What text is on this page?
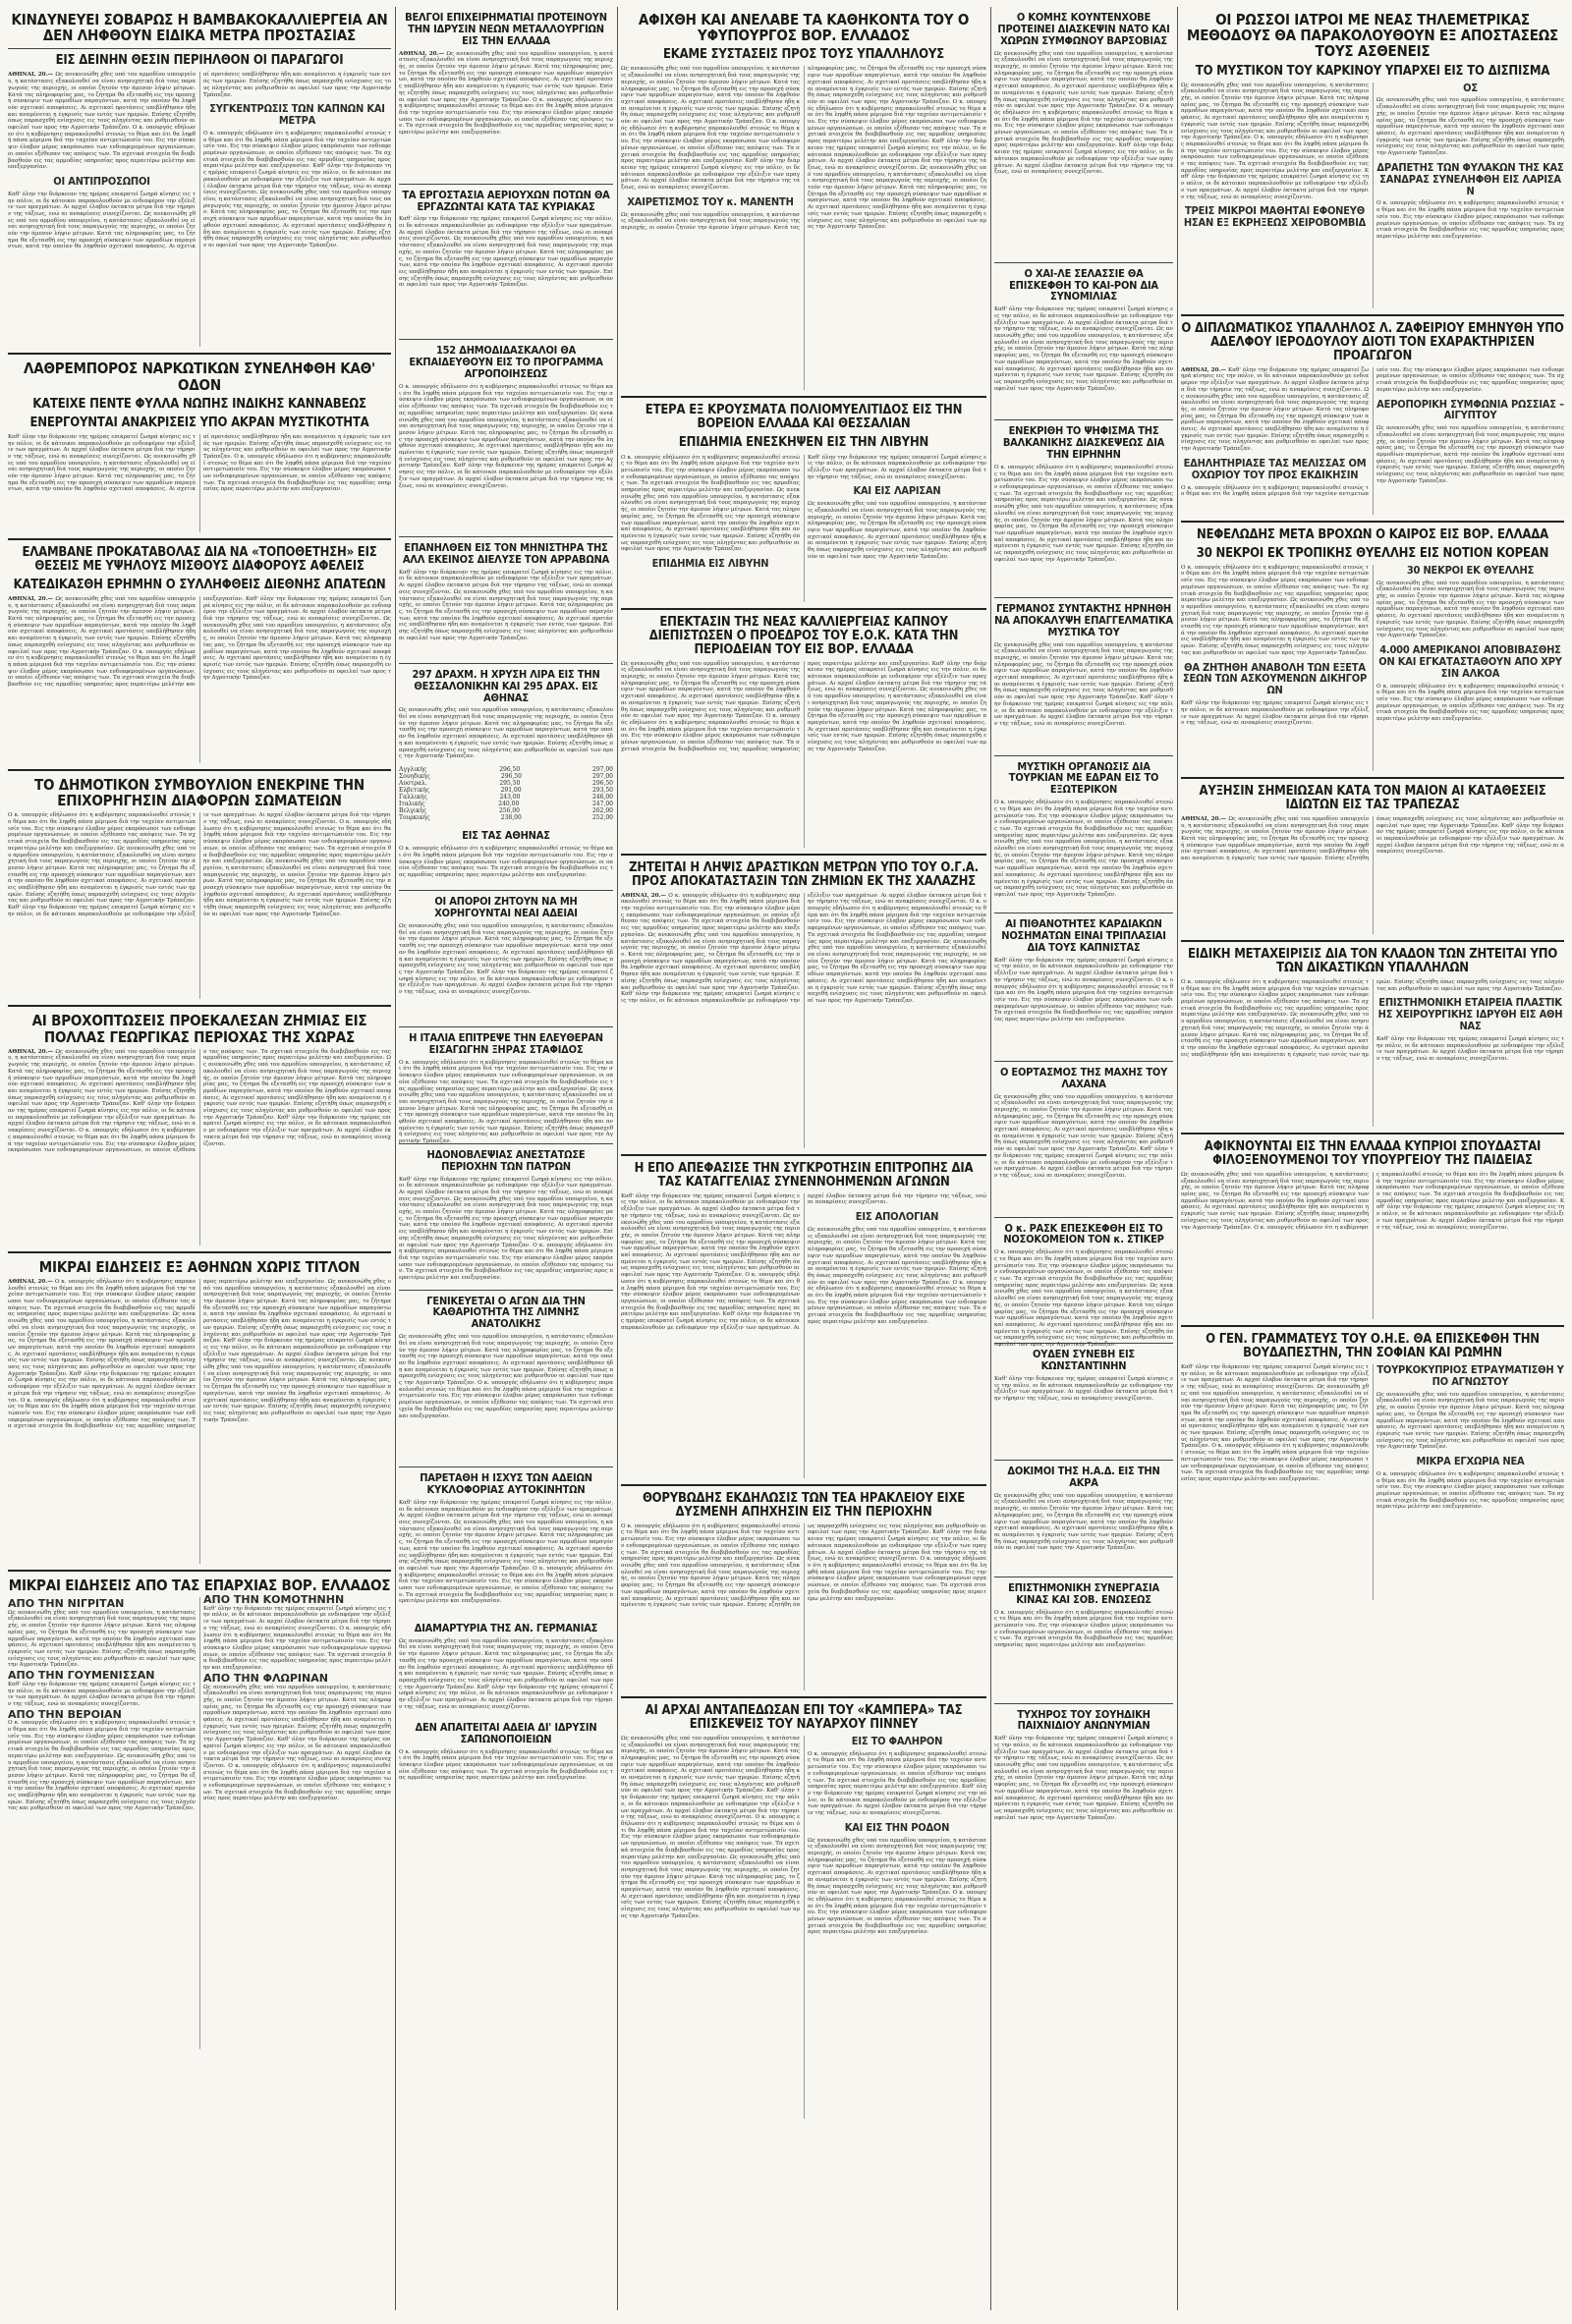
ΚΙΝΔΥΝΕΥΕΙ ΣΟΒΑΡΩΣ Η ΒΑΜΒΑΚΟΚΑΛΛΙΕΡΓΕΙΑ ΑΝ ΔΕΝ ΛΗΦΘΟΥΝ ΕΙΔΙΚΑ ΜΕΤΡΑ ΠΡΟΣΤΑΣΙΑΣ
ΕΙΣ ΔΕΙΝΗΝ ΘΕΣΙΝ ΠΕΡΙΗΛΘΟΝ ΟΙ ΠΑΡΑΓΩΓΟΙ
ΑΘΗΝΑΙ, 20.— Ως ανεκοινώθη χθες υπό του αρμοδίου υπουργείου, η κατάστασις εξακολουθεί να είναι ανησυχητική διά τους παραγωγούς της περιοχής, οι οποίοι ζητούν την άμεσον λήψιν μέτρων. Κατά τας πληροφορίας μας, το ζήτημα θα εξετασθή εις την προσεχή σύσκεψιν των αρμοδίων παραγόντων, κατά την οποίαν θα ληφθούν σχετικαί αποφάσεις. Αι σχετικαί προτάσεις υπεβλήθησαν ήδη και αναμένεται η έγκρισίς των εντός των ημερών. Επίσης εζητήθη όπως παρασχεθή ενίσχυσις εις τους πληγέντας και ρυθμισθούν αι οφειλαί των προς την Αγροτικήν Τράπεζαν. Ο κ. υπουργός εδήλωσεν ότι η κυβέρνησις παρακολουθεί στενώς το θέμα και ότι θα ληφθή πάσα μέριμνα διά την ταχείαν αντιμετώπισίν του. Εις την σύσκεψιν έλαβον μέρος εκπρόσωποι των ενδιαφερομένων οργανώσεων, οι οποίοι εξέθεσαν τας απόψεις των. Τα σχετικά στοιχεία θα διαβιβασθούν εις τας αρμοδίας υπηρεσίας προς περαιτέρω μελέτην και επεξεργασίαν.
ΟΙ ΑΝΤΙΠΡΟΣΩΠΟΙ
Καθ' όλην την διάρκειαν της ημέρας επικρατεί ζωηρά κίνησις εις την πόλιν, οι δε κάτοικοι παρακολουθούν με ενδιαφέρον την εξέλιξιν των πραγμάτων. Αι αρχαί έλαβον έκτακτα μέτρα διά την τήρησιν της τάξεως, ενώ αι ανακρίσεις συνεχίζονται. Ως ανεκοινώθη χθες υπό του αρμοδίου υπουργείου, η κατάστασις εξακολουθεί να είναι ανησυχητική διά τους παραγωγούς της περιοχής, οι οποίοι ζητούν την άμεσον λήψιν μέτρων. Κατά τας πληροφορίας μας, το ζήτημα θα εξετασθή εις την προσεχή σύσκεψιν των αρμοδίων παραγόντων, κατά την οποίαν θα ληφθούν σχετικαί αποφάσεις. Αι σχετικαί προτάσεις υπεβλήθησαν ήδη και αναμένεται η έγκρισίς των εντός των ημερών. Επίσης εζητήθη όπως παρασχεθή ενίσχυσις εις τους πληγέντας και ρυθμισθούν αι οφειλαί των προς την Αγροτικήν Τράπεζαν.
ΣΥΓΚΕΝΤΡΩΣΙΣ ΤΩΝ ΚΑΠΝΩΝ ΚΑΙ ΜΕΤΡΑ
Ο κ. υπουργός εδήλωσεν ότι η κυβέρνησις παρακολουθεί στενώς το θέμα και ότι θα ληφθή πάσα μέριμνα διά την ταχείαν αντιμετώπισίν του. Εις την σύσκεψιν έλαβον μέρος εκπρόσωποι των ενδιαφερομένων οργανώσεων, οι οποίοι εξέθεσαν τας απόψεις των. Τα σχετικά στοιχεία θα διαβιβασθούν εις τας αρμοδίας υπηρεσίας προς περαιτέρω μελέτην και επεξεργασίαν. Καθ' όλην την διάρκειαν της ημέρας επικρατεί ζωηρά κίνησις εις την πόλιν, οι δε κάτοικοι παρακολουθούν με ενδιαφέρον την εξέλιξιν των πραγμάτων. Αι αρχαί έλαβον έκτακτα μέτρα διά την τήρησιν της τάξεως, ενώ αι ανακρίσεις συνεχίζονται. Ως ανεκοινώθη χθες υπό του αρμοδίου υπουργείου, η κατάστασις εξακολουθεί να είναι ανησυχητική διά τους παραγωγούς της περιοχής, οι οποίοι ζητούν την άμεσον λήψιν μέτρων. Κατά τας πληροφορίας μας, το ζήτημα θα εξετασθή εις την προσεχή σύσκεψιν των αρμοδίων παραγόντων, κατά την οποίαν θα ληφθούν σχετικαί αποφάσεις. Αι σχετικαί προτάσεις υπεβλήθησαν ήδη και αναμένεται η έγκρισίς των εντός των ημερών. Επίσης εζητήθη όπως παρασχεθή ενίσχυσις εις τους πληγέντας και ρυθμισθούν αι οφειλαί των προς την Αγροτικήν Τράπεζαν.
ΛΑΘΡΕΜΠΟΡΟΣ ΝΑΡΚΩΤΙΚΩΝ ΣΥΝΕΛΗΦΘΗ ΚΑΘ' ΟΔΟΝ
ΚΑΤΕΙΧΕ ΠΕΝΤΕ ΦΥΛΛΑ ΝΩΠΗΣ ΙΝΔΙΚΗΣ ΚΑΝΝΑΒΕΩΣ
ΕΝΕΡΓΟΥΝΤΑΙ ΑΝΑΚΡΙΣΕΙΣ ΥΠΟ ΑΚΡΑΝ ΜΥΣΤΙΚΟΤΗΤΑ
Καθ' όλην την διάρκειαν της ημέρας επικρατεί ζωηρά κίνησις εις την πόλιν, οι δε κάτοικοι παρακολουθούν με ενδιαφέρον την εξέλιξιν των πραγμάτων. Αι αρχαί έλαβον έκτακτα μέτρα διά την τήρησιν της τάξεως, ενώ αι ανακρίσεις συνεχίζονται. Ως ανεκοινώθη χθες υπό του αρμοδίου υπουργείου, η κατάστασις εξακολουθεί να είναι ανησυχητική διά τους παραγωγούς της περιοχής, οι οποίοι ζητούν την άμεσον λήψιν μέτρων. Κατά τας πληροφορίας μας, το ζήτημα θα εξετασθή εις την προσεχή σύσκεψιν των αρμοδίων παραγόντων, κατά την οποίαν θα ληφθούν σχετικαί αποφάσεις. Αι σχετικαί προτάσεις υπεβλήθησαν ήδη και αναμένεται η έγκρισίς των εντός των ημερών. Επίσης εζητήθη όπως παρασχεθή ενίσχυσις εις τους πληγέντας και ρυθμισθούν αι οφειλαί των προς την Αγροτικήν Τράπεζαν. Ο κ. υπουργός εδήλωσεν ότι η κυβέρνησις παρακολουθεί στενώς το θέμα και ότι θα ληφθή πάσα μέριμνα διά την ταχείαν αντιμετώπισίν του. Εις την σύσκεψιν έλαβον μέρος εκπρόσωποι των ενδιαφερομένων οργανώσεων, οι οποίοι εξέθεσαν τας απόψεις των. Τα σχετικά στοιχεία θα διαβιβασθούν εις τας αρμοδίας υπηρεσίας προς περαιτέρω μελέτην και επεξεργασίαν.
ΕΛΑΜΒΑΝΕ ΠΡΟΚΑΤΑΒΟΛΑΣ ΔΙΑ ΝΑ «ΤΟΠΟΘΕΤΗΣΗ» ΕΙΣ ΘΕΣΕΙΣ ΜΕ ΥΨΗΛΟΥΣ ΜΙΣΘΟΥΣ ΔΙΑΦΟΡΟΥΣ ΑΦΕΛΕΙΣ
ΚΑΤΕΔΙΚΑΣΘΗ ΕΡΗΜΗΝ Ο ΣΥΛΛΗΦΘΕΙΣ ΔΙΕΘΝΗΣ ΑΠΑΤΕΩΝ
ΑΘΗΝΑΙ, 20.— Ως ανεκοινώθη χθες υπό του αρμοδίου υπουργείου, η κατάστασις εξακολουθεί να είναι ανησυχητική διά τους παραγωγούς της περιοχής, οι οποίοι ζητούν την άμεσον λήψιν μέτρων. Κατά τας πληροφορίας μας, το ζήτημα θα εξετασθή εις την προσεχή σύσκεψιν των αρμοδίων παραγόντων, κατά την οποίαν θα ληφθούν σχετικαί αποφάσεις. Αι σχετικαί προτάσεις υπεβλήθησαν ήδη και αναμένεται η έγκρισίς των εντός των ημερών. Επίσης εζητήθη όπως παρασχεθή ενίσχυσις εις τους πληγέντας και ρυθμισθούν αι οφειλαί των προς την Αγροτικήν Τράπεζαν. Ο κ. υπουργός εδήλωσεν ότι η κυβέρνησις παρακολουθεί στενώς το θέμα και ότι θα ληφθή πάσα μέριμνα διά την ταχείαν αντιμετώπισίν του. Εις την σύσκεψιν έλαβον μέρος εκπρόσωποι των ενδιαφερομένων οργανώσεων, οι οποίοι εξέθεσαν τας απόψεις των. Τα σχετικά στοιχεία θα διαβιβασθούν εις τας αρμοδίας υπηρεσίας προς περαιτέρω μελέτην και επεξεργασίαν. Καθ' όλην την διάρκειαν της ημέρας επικρατεί ζωηρά κίνησις εις την πόλιν, οι δε κάτοικοι παρακολουθούν με ενδιαφέρον την εξέλιξιν των πραγμάτων. Αι αρχαί έλαβον έκτακτα μέτρα διά την τήρησιν της τάξεως, ενώ αι ανακρίσεις συνεχίζονται. Ως ανεκοινώθη χθες υπό του αρμοδίου υπουργείου, η κατάστασις εξακολουθεί να είναι ανησυχητική διά τους παραγωγούς της περιοχής, οι οποίοι ζητούν την άμεσον λήψιν μέτρων. Κατά τας πληροφορίας μας, το ζήτημα θα εξετασθή εις την προσεχή σύσκεψιν των αρμοδίων παραγόντων, κατά την οποίαν θα ληφθούν σχετικαί αποφάσεις. Αι σχετικαί προτάσεις υπεβλήθησαν ήδη και αναμένεται η έγκρισίς των εντός των ημερών. Επίσης εζητήθη όπως παρασχεθή ενίσχυσις εις τους πληγέντας και ρυθμισθούν αι οφειλαί των προς την Αγροτικήν Τράπεζαν.
ΤΟ ΔΗΜΟΤΙΚΟΝ ΣΥΜΒΟΥΛΙΟΝ ΕΝΕΚΡΙΝΕ ΤΗΝ ΕΠΙΧΟΡΗΓΗΣΙΝ ΔΙΑΦΟΡΩΝ ΣΩΜΑΤΕΙΩΝ
Ο κ. υπουργός εδήλωσεν ότι η κυβέρνησις παρακολουθεί στενώς το θέμα και ότι θα ληφθή πάσα μέριμνα διά την ταχείαν αντιμετώπισίν του. Εις την σύσκεψιν έλαβον μέρος εκπρόσωποι των ενδιαφερομένων οργανώσεων, οι οποίοι εξέθεσαν τας απόψεις των. Τα σχετικά στοιχεία θα διαβιβασθούν εις τας αρμοδίας υπηρεσίας προς περαιτέρω μελέτην και επεξεργασίαν. Ως ανεκοινώθη χθες υπό του αρμοδίου υπουργείου, η κατάστασις εξακολουθεί να είναι ανησυχητική διά τους παραγωγούς της περιοχής, οι οποίοι ζητούν την άμεσον λήψιν μέτρων. Κατά τας πληροφορίας μας, το ζήτημα θα εξετασθή εις την προσεχή σύσκεψιν των αρμοδίων παραγόντων, κατά την οποίαν θα ληφθούν σχετικαί αποφάσεις. Αι σχετικαί προτάσεις υπεβλήθησαν ήδη και αναμένεται η έγκρισίς των εντός των ημερών. Επίσης εζητήθη όπως παρασχεθή ενίσχυσις εις τους πληγέντας και ρυθμισθούν αι οφειλαί των προς την Αγροτικήν Τράπεζαν. Καθ' όλην την διάρκειαν της ημέρας επικρατεί ζωηρά κίνησις εις την πόλιν, οι δε κάτοικοι παρακολουθούν με ενδιαφέρον την εξέλιξιν των πραγμάτων. Αι αρχαί έλαβον έκτακτα μέτρα διά την τήρησιν της τάξεως, ενώ αι ανακρίσεις συνεχίζονται. Ο κ. υπουργός εδήλωσεν ότι η κυβέρνησις παρακολουθεί στενώς το θέμα και ότι θα ληφθή πάσα μέριμνα διά την ταχείαν αντιμετώπισίν του. Εις την σύσκεψιν έλαβον μέρος εκπρόσωποι των ενδιαφερομένων οργανώσεων, οι οποίοι εξέθεσαν τας απόψεις των. Τα σχετικά στοιχεία θα διαβιβασθούν εις τας αρμοδίας υπηρεσίας προς περαιτέρω μελέτην και επεξεργασίαν. Ως ανεκοινώθη χθες υπό του αρμοδίου υπουργείου, η κατάστασις εξακολουθεί να είναι ανησυχητική διά τους παραγωγούς της περιοχής, οι οποίοι ζητούν την άμεσον λήψιν μέτρων. Κατά τας πληροφορίας μας, το ζήτημα θα εξετασθή εις την προσεχή σύσκεψιν των αρμοδίων παραγόντων, κατά την οποίαν θα ληφθούν σχετικαί αποφάσεις. Αι σχετικαί προτάσεις υπεβλήθησαν ήδη και αναμένεται η έγκρισίς των εντός των ημερών. Επίσης εζητήθη όπως παρασχεθή ενίσχυσις εις τους πληγέντας και ρυθμισθούν αι οφειλαί των προς την Αγροτικήν Τράπεζαν.
ΑΙ ΒΡΟΧΟΠΤΩΣΕΙΣ ΠΡΟΕΚΑΛΕΣΑΝ ΖΗΜΙΑΣ ΕΙΣ ΠΟΛΛΑΣ ΓΕΩΡΓΙΚΑΣ ΠΕΡΙΟΧΑΣ ΤΗΣ ΧΩΡΑΣ
ΑΘΗΝΑΙ, 20.— Ως ανεκοινώθη χθες υπό του αρμοδίου υπουργείου, η κατάστασις εξακολουθεί να είναι ανησυχητική διά τους παραγωγούς της περιοχής, οι οποίοι ζητούν την άμεσον λήψιν μέτρων. Κατά τας πληροφορίας μας, το ζήτημα θα εξετασθή εις την προσεχή σύσκεψιν των αρμοδίων παραγόντων, κατά την οποίαν θα ληφθούν σχετικαί αποφάσεις. Αι σχετικαί προτάσεις υπεβλήθησαν ήδη και αναμένεται η έγκρισίς των εντός των ημερών. Επίσης εζητήθη όπως παρασχεθή ενίσχυσις εις τους πληγέντας και ρυθμισθούν αι οφειλαί των προς την Αγροτικήν Τράπεζαν. Καθ' όλην την διάρκειαν της ημέρας επικρατεί ζωηρά κίνησις εις την πόλιν, οι δε κάτοικοι παρακολουθούν με ενδιαφέρον την εξέλιξιν των πραγμάτων. Αι αρχαί έλαβον έκτακτα μέτρα διά την τήρησιν της τάξεως, ενώ αι ανακρίσεις συνεχίζονται. Ο κ. υπουργός εδήλωσεν ότι η κυβέρνησις παρακολουθεί στενώς το θέμα και ότι θα ληφθή πάσα μέριμνα διά την ταχείαν αντιμετώπισίν του. Εις την σύσκεψιν έλαβον μέρος εκπρόσωποι των ενδιαφερομένων οργανώσεων, οι οποίοι εξέθεσαν τας απόψεις των. Τα σχετικά στοιχεία θα διαβιβασθούν εις τας αρμοδίας υπηρεσίας προς περαιτέρω μελέτην και επεξεργασίαν. Ως ανεκοινώθη χθες υπό του αρμοδίου υπουργείου, η κατάστασις εξακολουθεί να είναι ανησυχητική διά τους παραγωγούς της περιοχής, οι οποίοι ζητούν την άμεσον λήψιν μέτρων. Κατά τας πληροφορίας μας, το ζήτημα θα εξετασθή εις την προσεχή σύσκεψιν των αρμοδίων παραγόντων, κατά την οποίαν θα ληφθούν σχετικαί αποφάσεις. Αι σχετικαί προτάσεις υπεβλήθησαν ήδη και αναμένεται η έγκρισίς των εντός των ημερών. Επίσης εζητήθη όπως παρασχεθή ενίσχυσις εις τους πληγέντας και ρυθμισθούν αι οφειλαί των προς την Αγροτικήν Τράπεζαν. Καθ' όλην την διάρκειαν της ημέρας επικρατεί ζωηρά κίνησις εις την πόλιν, οι δε κάτοικοι παρακολουθούν με ενδιαφέρον την εξέλιξιν των πραγμάτων. Αι αρχαί έλαβον έκτακτα μέτρα διά την τήρησιν της τάξεως, ενώ αι ανακρίσεις συνεχίζονται.
ΜΙΚΡΑΙ ΕΙΔΗΣΕΙΣ ΕΞ ΑΘΗΝΩΝ ΧΩΡΙΣ ΤΙΤΛΟΝ
ΑΘΗΝΑΙ, 20.— Ο κ. υπουργός εδήλωσεν ότι η κυβέρνησις παρακολουθεί στενώς το θέμα και ότι θα ληφθή πάσα μέριμνα διά την ταχείαν αντιμετώπισίν του. Εις την σύσκεψιν έλαβον μέρος εκπρόσωποι των ενδιαφερομένων οργανώσεων, οι οποίοι εξέθεσαν τας απόψεις των. Τα σχετικά στοιχεία θα διαβιβασθούν εις τας αρμοδίας υπηρεσίας προς περαιτέρω μελέτην και επεξεργασίαν. Ως ανεκοινώθη χθες υπό του αρμοδίου υπουργείου, η κατάστασις εξακολουθεί να είναι ανησυχητική διά τους παραγωγούς της περιοχής, οι οποίοι ζητούν την άμεσον λήψιν μέτρων. Κατά τας πληροφορίας μας, το ζήτημα θα εξετασθή εις την προσεχή σύσκεψιν των αρμοδίων παραγόντων, κατά την οποίαν θα ληφθούν σχετικαί αποφάσεις. Αι σχετικαί προτάσεις υπεβλήθησαν ήδη και αναμένεται η έγκρισίς των εντός των ημερών. Επίσης εζητήθη όπως παρασχεθή ενίσχυσις εις τους πληγέντας και ρυθμισθούν αι οφειλαί των προς την Αγροτικήν Τράπεζαν. Καθ' όλην την διάρκειαν της ημέρας επικρατεί ζωηρά κίνησις εις την πόλιν, οι δε κάτοικοι παρακολουθούν με ενδιαφέρον την εξέλιξιν των πραγμάτων. Αι αρχαί έλαβον έκτακτα μέτρα διά την τήρησιν της τάξεως, ενώ αι ανακρίσεις συνεχίζονται. Ο κ. υπουργός εδήλωσεν ότι η κυβέρνησις παρακολουθεί στενώς το θέμα και ότι θα ληφθή πάσα μέριμνα διά την ταχείαν αντιμετώπισίν του. Εις την σύσκεψιν έλαβον μέρος εκπρόσωποι των ενδιαφερομένων οργανώσεων, οι οποίοι εξέθεσαν τας απόψεις των. Τα σχετικά στοιχεία θα διαβιβασθούν εις τας αρμοδίας υπηρεσίας προς περαιτέρω μελέτην και επεξεργασίαν. Ως ανεκοινώθη χθες υπό του αρμοδίου υπουργείου, η κατάστασις εξακολουθεί να είναι ανησυχητική διά τους παραγωγούς της περιοχής, οι οποίοι ζητούν την άμεσον λήψιν μέτρων. Κατά τας πληροφορίας μας, το ζήτημα θα εξετασθή εις την προσεχή σύσκεψιν των αρμοδίων παραγόντων, κατά την οποίαν θα ληφθούν σχετικαί αποφάσεις. Αι σχετικαί προτάσεις υπεβλήθησαν ήδη και αναμένεται η έγκρισίς των εντός των ημερών. Επίσης εζητήθη όπως παρασχεθή ενίσχυσις εις τους πληγέντας και ρυθμισθούν αι οφειλαί των προς την Αγροτικήν Τράπεζαν. Καθ' όλην την διάρκειαν της ημέρας επικρατεί ζωηρά κίνησις εις την πόλιν, οι δε κάτοικοι παρακολουθούν με ενδιαφέρον την εξέλιξιν των πραγμάτων. Αι αρχαί έλαβον έκτακτα μέτρα διά την τήρησιν της τάξεως, ενώ αι ανακρίσεις συνεχίζονται. Ως ανεκοινώθη χθες υπό του αρμοδίου υπουργείου, η κατάστασις εξακολουθεί να είναι ανησυχητική διά τους παραγωγούς της περιοχής, οι οποίοι ζητούν την άμεσον λήψιν μέτρων. Κατά τας πληροφορίας μας, το ζήτημα θα εξετασθή εις την προσεχή σύσκεψιν των αρμοδίων παραγόντων, κατά την οποίαν θα ληφθούν σχετικαί αποφάσεις. Αι σχετικαί προτάσεις υπεβλήθησαν ήδη και αναμένεται η έγκρισίς των εντός των ημερών. Επίσης εζητήθη όπως παρασχεθή ενίσχυσις εις τους πληγέντας και ρυθμισθούν αι οφειλαί των προς την Αγροτικήν Τράπεζαν.
ΜΙΚΡΑΙ ΕΙΔΗΣΕΙΣ ΑΠΟ ΤΑΣ ΕΠΑΡΧΙΑΣ ΒΟΡ. ΕΛΛΑΔΟΣ
ΑΠΟ ΤΗΝ ΝΙΓΡΙΤΑΝ
Ως ανεκοινώθη χθες υπό του αρμοδίου υπουργείου, η κατάστασις εξακολουθεί να είναι ανησυχητική διά τους παραγωγούς της περιοχής, οι οποίοι ζητούν την άμεσον λήψιν μέτρων. Κατά τας πληροφορίας μας, το ζήτημα θα εξετασθή εις την προσεχή σύσκεψιν των αρμοδίων παραγόντων, κατά την οποίαν θα ληφθούν σχετικαί αποφάσεις. Αι σχετικαί προτάσεις υπεβλήθησαν ήδη και αναμένεται η έγκρισίς των εντός των ημερών. Επίσης εζητήθη όπως παρασχεθή ενίσχυσις εις τους πληγέντας και ρυθμισθούν αι οφειλαί των προς την Αγροτικήν Τράπεζαν.
ΑΠΟ ΤΗΝ ΓΟΥΜΕΝΙΣΣΑΝ
Καθ' όλην την διάρκειαν της ημέρας επικρατεί ζωηρά κίνησις εις την πόλιν, οι δε κάτοικοι παρακολουθούν με ενδιαφέρον την εξέλιξιν των πραγμάτων. Αι αρχαί έλαβον έκτακτα μέτρα διά την τήρησιν της τάξεως, ενώ αι ανακρίσεις συνεχίζονται.
ΑΠΟ ΤΗΝ ΒΕΡΟΙΑΝ
Ο κ. υπουργός εδήλωσεν ότι η κυβέρνησις παρακολουθεί στενώς το θέμα και ότι θα ληφθή πάσα μέριμνα διά την ταχείαν αντιμετώπισίν του. Εις την σύσκεψιν έλαβον μέρος εκπρόσωποι των ενδιαφερομένων οργανώσεων, οι οποίοι εξέθεσαν τας απόψεις των. Τα σχετικά στοιχεία θα διαβιβασθούν εις τας αρμοδίας υπηρεσίας προς περαιτέρω μελέτην και επεξεργασίαν. Ως ανεκοινώθη χθες υπό του αρμοδίου υπουργείου, η κατάστασις εξακολουθεί να είναι ανησυχητική διά τους παραγωγούς της περιοχής, οι οποίοι ζητούν την άμεσον λήψιν μέτρων. Κατά τας πληροφορίας μας, το ζήτημα θα εξετασθή εις την προσεχή σύσκεψιν των αρμοδίων παραγόντων, κατά την οποίαν θα ληφθούν σχετικαί αποφάσεις. Αι σχετικαί προτάσεις υπεβλήθησαν ήδη και αναμένεται η έγκρισίς των εντός των ημερών. Επίσης εζητήθη όπως παρασχεθή ενίσχυσις εις τους πληγέντας και ρυθμισθούν αι οφειλαί των προς την Αγροτικήν Τράπεζαν.
ΑΠΟ ΤΗΝ ΚΟΜΟΤΗΝΗΝ
Καθ' όλην την διάρκειαν της ημέρας επικρατεί ζωηρά κίνησις εις την πόλιν, οι δε κάτοικοι παρακολουθούν με ενδιαφέρον την εξέλιξιν των πραγμάτων. Αι αρχαί έλαβον έκτακτα μέτρα διά την τήρησιν της τάξεως, ενώ αι ανακρίσεις συνεχίζονται. Ο κ. υπουργός εδήλωσεν ότι η κυβέρνησις παρακολουθεί στενώς το θέμα και ότι θα ληφθή πάσα μέριμνα διά την ταχείαν αντιμετώπισίν του. Εις την σύσκεψιν έλαβον μέρος εκπρόσωποι των ενδιαφερομένων οργανώσεων, οι οποίοι εξέθεσαν τας απόψεις των. Τα σχετικά στοιχεία θα διαβιβασθούν εις τας αρμοδίας υπηρεσίας προς περαιτέρω μελέτην και επεξεργασίαν.
ΑΠΟ ΤΗΝ ΦΛΩΡΙΝΑΝ
Ως ανεκοινώθη χθες υπό του αρμοδίου υπουργείου, η κατάστασις εξακολουθεί να είναι ανησυχητική διά τους παραγωγούς της περιοχής, οι οποίοι ζητούν την άμεσον λήψιν μέτρων. Κατά τας πληροφορίας μας, το ζήτημα θα εξετασθή εις την προσεχή σύσκεψιν των αρμοδίων παραγόντων, κατά την οποίαν θα ληφθούν σχετικαί αποφάσεις. Αι σχετικαί προτάσεις υπεβλήθησαν ήδη και αναμένεται η έγκρισίς των εντός των ημερών. Επίσης εζητήθη όπως παρασχεθή ενίσχυσις εις τους πληγέντας και ρυθμισθούν αι οφειλαί των προς την Αγροτικήν Τράπεζαν. Καθ' όλην την διάρκειαν της ημέρας επικρατεί ζωηρά κίνησις εις την πόλιν, οι δε κάτοικοι παρακολουθούν με ενδιαφέρον την εξέλιξιν των πραγμάτων. Αι αρχαί έλαβον έκτακτα μέτρα διά την τήρησιν της τάξεως, ενώ αι ανακρίσεις συνεχίζονται. Ο κ. υπουργός εδήλωσεν ότι η κυβέρνησις παρακολουθεί στενώς το θέμα και ότι θα ληφθή πάσα μέριμνα διά την ταχείαν αντιμετώπισίν του. Εις την σύσκεψιν έλαβον μέρος εκπρόσωποι των ενδιαφερομένων οργανώσεων, οι οποίοι εξέθεσαν τας απόψεις των. Τα σχετικά στοιχεία θα διαβιβασθούν εις τας αρμοδίας υπηρεσίας προς περαιτέρω μελέτην και επεξεργασίαν.
ΒΕΛΓΟΙ ΕΠΙΧΕΙΡΗΜΑΤΙΑΙ ΠΡΟΤΕΙΝΟΥΝ ΤΗΝ ΙΔΡΥΣΙΝ ΝΕΩΝ ΜΕΤΑΛΛΟΥΡΓΙΩΝ ΕΙΣ ΤΗΝ ΕΛΛΑΔΑ
ΑΘΗΝΑΙ, 20.— Ως ανεκοινώθη χθες υπό του αρμοδίου υπουργείου, η κατάστασις εξακολουθεί να είναι ανησυχητική διά τους παραγωγούς της περιοχής, οι οποίοι ζητούν την άμεσον λήψιν μέτρων. Κατά τας πληροφορίας μας, το ζήτημα θα εξετασθή εις την προσεχή σύσκεψιν των αρμοδίων παραγόντων, κατά την οποίαν θα ληφθούν σχετικαί αποφάσεις. Αι σχετικαί προτάσεις υπεβλήθησαν ήδη και αναμένεται η έγκρισίς των εντός των ημερών. Επίσης εζητήθη όπως παρασχεθή ενίσχυσις εις τους πληγέντας και ρυθμισθούν αι οφειλαί των προς την Αγροτικήν Τράπεζαν. Ο κ. υπουργός εδήλωσεν ότι η κυβέρνησις παρακολουθεί στενώς το θέμα και ότι θα ληφθή πάσα μέριμνα διά την ταχείαν αντιμετώπισίν του. Εις την σύσκεψιν έλαβον μέρος εκπρόσωποι των ενδιαφερομένων οργανώσεων, οι οποίοι εξέθεσαν τας απόψεις των. Τα σχετικά στοιχεία θα διαβιβασθούν εις τας αρμοδίας υπηρεσίας προς περαιτέρω μελέτην και επεξεργασίαν.
ΤΑ ΕΡΓΟΣΤΑΣΙΑ ΑΕΡΙΟΥΧΩΝ ΠΟΤΩΝ ΘΑ ΕΡΓΑΖΩΝΤΑΙ ΚΑΤΑ ΤΑΣ ΚΥΡΙΑΚΑΣ
Καθ' όλην την διάρκειαν της ημέρας επικρατεί ζωηρά κίνησις εις την πόλιν, οι δε κάτοικοι παρακολουθούν με ενδιαφέρον την εξέλιξιν των πραγμάτων. Αι αρχαί έλαβον έκτακτα μέτρα διά την τήρησιν της τάξεως, ενώ αι ανακρίσεις συνεχίζονται. Ως ανεκοινώθη χθες υπό του αρμοδίου υπουργείου, η κατάστασις εξακολουθεί να είναι ανησυχητική διά τους παραγωγούς της περιοχής, οι οποίοι ζητούν την άμεσον λήψιν μέτρων. Κατά τας πληροφορίας μας, το ζήτημα θα εξετασθή εις την προσεχή σύσκεψιν των αρμοδίων παραγόντων, κατά την οποίαν θα ληφθούν σχετικαί αποφάσεις. Αι σχετικαί προτάσεις υπεβλήθησαν ήδη και αναμένεται η έγκρισίς των εντός των ημερών. Επίσης εζητήθη όπως παρασχεθή ενίσχυσις εις τους πληγέντας και ρυθμισθούν αι οφειλαί των προς την Αγροτικήν Τράπεζαν.
152 ΔΗΜΟΔΙΔΑΣΚΑΛΟΙ ΘΑ ΕΚΠΑΙΔΕΥΘΟΥΝ ΕΙΣ ΤΟ ΠΡΟΓΡΑΜΜΑ ΑΓΡΟΠΟΙΗΣΕΩΣ
Ο κ. υπουργός εδήλωσεν ότι η κυβέρνησις παρακολουθεί στενώς το θέμα και ότι θα ληφθή πάσα μέριμνα διά την ταχείαν αντιμετώπισίν του. Εις την σύσκεψιν έλαβον μέρος εκπρόσωποι των ενδιαφερομένων οργανώσεων, οι οποίοι εξέθεσαν τας απόψεις των. Τα σχετικά στοιχεία θα διαβιβασθούν εις τας αρμοδίας υπηρεσίας προς περαιτέρω μελέτην και επεξεργασίαν. Ως ανεκοινώθη χθες υπό του αρμοδίου υπουργείου, η κατάστασις εξακολουθεί να είναι ανησυχητική διά τους παραγωγούς της περιοχής, οι οποίοι ζητούν την άμεσον λήψιν μέτρων. Κατά τας πληροφορίας μας, το ζήτημα θα εξετασθή εις την προσεχή σύσκεψιν των αρμοδίων παραγόντων, κατά την οποίαν θα ληφθούν σχετικαί αποφάσεις. Αι σχετικαί προτάσεις υπεβλήθησαν ήδη και αναμένεται η έγκρισίς των εντός των ημερών. Επίσης εζητήθη όπως παρασχεθή ενίσχυσις εις τους πληγέντας και ρυθμισθούν αι οφειλαί των προς την Αγροτικήν Τράπεζαν. Καθ' όλην την διάρκειαν της ημέρας επικρατεί ζωηρά κίνησις εις την πόλιν, οι δε κάτοικοι παρακολουθούν με ενδιαφέρον την εξέλιξιν των πραγμάτων. Αι αρχαί έλαβον έκτακτα μέτρα διά την τήρησιν της τάξεως, ενώ αι ανακρίσεις συνεχίζονται.
ΕΠΑΝΗΛΘΕΝ ΕΙΣ ΤΟΝ ΜΗΝΙΣΤΗΡΑ ΤΗΣ ΑΛΛ ΕΚΕΙΝΟΣ ΔΙΕΛΥΣΕ ΤΟΝ ΑΡΡΑΒΩΝΑ
Καθ' όλην την διάρκειαν της ημέρας επικρατεί ζωηρά κίνησις εις την πόλιν, οι δε κάτοικοι παρακολουθούν με ενδιαφέρον την εξέλιξιν των πραγμάτων. Αι αρχαί έλαβον έκτακτα μέτρα διά την τήρησιν της τάξεως, ενώ αι ανακρίσεις συνεχίζονται. Ως ανεκοινώθη χθες υπό του αρμοδίου υπουργείου, η κατάστασις εξακολουθεί να είναι ανησυχητική διά τους παραγωγούς της περιοχής, οι οποίοι ζητούν την άμεσον λήψιν μέτρων. Κατά τας πληροφορίας μας, το ζήτημα θα εξετασθή εις την προσεχή σύσκεψιν των αρμοδίων παραγόντων, κατά την οποίαν θα ληφθούν σχετικαί αποφάσεις. Αι σχετικαί προτάσεις υπεβλήθησαν ήδη και αναμένεται η έγκρισίς των εντός των ημερών. Επίσης εζητήθη όπως παρασχεθή ενίσχυσις εις τους πληγέντας και ρυθμισθούν αι οφειλαί των προς την Αγροτικήν Τράπεζαν.
297 ΔΡΑΧΜ. Η ΧΡΥΣΗ ΛΙΡΑ ΕΙΣ ΤΗΝ ΘΕΣΣΑΛΟΝΙΚΗΝ ΚΑΙ 295 ΔΡΑΧ. ΕΙΣ ΑΘΗΝΑΣ
Ως ανεκοινώθη χθες υπό του αρμοδίου υπουργείου, η κατάστασις εξακολουθεί να είναι ανησυχητική διά τους παραγωγούς της περιοχής, οι οποίοι ζητούν την άμεσον λήψιν μέτρων. Κατά τας πληροφορίας μας, το ζήτημα θα εξετασθή εις την προσεχή σύσκεψιν των αρμοδίων παραγόντων, κατά την οποίαν θα ληφθούν σχετικαί αποφάσεις. Αι σχετικαί προτάσεις υπεβλήθησαν ήδη και αναμένεται η έγκρισίς των εντός των ημερών. Επίσης εζητήθη όπως παρασχεθή ενίσχυσις εις τους πληγέντας και ρυθμισθούν αι οφειλαί των προς την Αγροτικήν Τράπεζαν.
Αγγλικής	296,50	297,00
Σουηδικής	296,50	297,00
Αυστραλ.	295,50	296,50
Ελβετικής	291,00	293,50
Γαλλικής	243,00	246,00
Ιταλικής	240,00	247,00
Βελγικής	256,00	262,00
Τουρκικής	238,00	252,00
ΕΙΣ ΤΑΣ ΑΘΗΝΑΣ
Ο κ. υπουργός εδήλωσεν ότι η κυβέρνησις παρακολουθεί στενώς το θέμα και ότι θα ληφθή πάσα μέριμνα διά την ταχείαν αντιμετώπισίν του. Εις την σύσκεψιν έλαβον μέρος εκπρόσωποι των ενδιαφερομένων οργανώσεων, οι οποίοι εξέθεσαν τας απόψεις των. Τα σχετικά στοιχεία θα διαβιβασθούν εις τας αρμοδίας υπηρεσίας προς περαιτέρω μελέτην και επεξεργασίαν.
ΟΙ ΑΠΟΡΟΙ ΖΗΤΟΥΝ ΝΑ ΜΗ ΧΟΡΗΓΟΥΝΤΑΙ ΝΕΑΙ ΑΔΕΙΑΙ
Ως ανεκοινώθη χθες υπό του αρμοδίου υπουργείου, η κατάστασις εξακολουθεί να είναι ανησυχητική διά τους παραγωγούς της περιοχής, οι οποίοι ζητούν την άμεσον λήψιν μέτρων. Κατά τας πληροφορίας μας, το ζήτημα θα εξετασθή εις την προσεχή σύσκεψιν των αρμοδίων παραγόντων, κατά την οποίαν θα ληφθούν σχετικαί αποφάσεις. Αι σχετικαί προτάσεις υπεβλήθησαν ήδη και αναμένεται η έγκρισίς των εντός των ημερών. Επίσης εζητήθη όπως παρασχεθή ενίσχυσις εις τους πληγέντας και ρυθμισθούν αι οφειλαί των προς την Αγροτικήν Τράπεζαν. Καθ' όλην την διάρκειαν της ημέρας επικρατεί ζωηρά κίνησις εις την πόλιν, οι δε κάτοικοι παρακολουθούν με ενδιαφέρον την εξέλιξιν των πραγμάτων. Αι αρχαί έλαβον έκτακτα μέτρα διά την τήρησιν της τάξεως, ενώ αι ανακρίσεις συνεχίζονται.
Η ΙΤΑΛΙΑ ΕΠΙΤΡΕΨΕ ΤΗΝ ΕΛΕΥΘΕΡΑΝ ΕΙΣΑΓΩΓΗΝ ΞΗΡΑΣ ΣΤΑΦΙΔΟΣ
Ο κ. υπουργός εδήλωσεν ότι η κυβέρνησις παρακολουθεί στενώς το θέμα και ότι θα ληφθή πάσα μέριμνα διά την ταχείαν αντιμετώπισίν του. Εις την σύσκεψιν έλαβον μέρος εκπρόσωποι των ενδιαφερομένων οργανώσεων, οι οποίοι εξέθεσαν τας απόψεις των. Τα σχετικά στοιχεία θα διαβιβασθούν εις τας αρμοδίας υπηρεσίας προς περαιτέρω μελέτην και επεξεργασίαν. Ως ανεκοινώθη χθες υπό του αρμοδίου υπουργείου, η κατάστασις εξακολουθεί να είναι ανησυχητική διά τους παραγωγούς της περιοχής, οι οποίοι ζητούν την άμεσον λήψιν μέτρων. Κατά τας πληροφορίας μας, το ζήτημα θα εξετασθή εις την προσεχή σύσκεψιν των αρμοδίων παραγόντων, κατά την οποίαν θα ληφθούν σχετικαί αποφάσεις. Αι σχετικαί προτάσεις υπεβλήθησαν ήδη και αναμένεται η έγκρισίς των εντός των ημερών. Επίσης εζητήθη όπως παρασχεθή ενίσχυσις εις τους πληγέντας και ρυθμισθούν αι οφειλαί των προς την Αγροτικήν Τράπεζαν.
ΗΔΟΝΟΒΛΕΨΙΑΣ ΑΝΕΣΤΑΤΩΣΕ ΠΕΡΙΟΧΗΝ ΤΩΝ ΠΑΤΡΩΝ
Καθ' όλην την διάρκειαν της ημέρας επικρατεί ζωηρά κίνησις εις την πόλιν, οι δε κάτοικοι παρακολουθούν με ενδιαφέρον την εξέλιξιν των πραγμάτων. Αι αρχαί έλαβον έκτακτα μέτρα διά την τήρησιν της τάξεως, ενώ αι ανακρίσεις συνεχίζονται. Ως ανεκοινώθη χθες υπό του αρμοδίου υπουργείου, η κατάστασις εξακολουθεί να είναι ανησυχητική διά τους παραγωγούς της περιοχής, οι οποίοι ζητούν την άμεσον λήψιν μέτρων. Κατά τας πληροφορίας μας, το ζήτημα θα εξετασθή εις την προσεχή σύσκεψιν των αρμοδίων παραγόντων, κατά την οποίαν θα ληφθούν σχετικαί αποφάσεις. Αι σχετικαί προτάσεις υπεβλήθησαν ήδη και αναμένεται η έγκρισίς των εντός των ημερών. Επίσης εζητήθη όπως παρασχεθή ενίσχυσις εις τους πληγέντας και ρυθμισθούν αι οφειλαί των προς την Αγροτικήν Τράπεζαν. Ο κ. υπουργός εδήλωσεν ότι η κυβέρνησις παρακολουθεί στενώς το θέμα και ότι θα ληφθή πάσα μέριμνα διά την ταχείαν αντιμετώπισίν του. Εις την σύσκεψιν έλαβον μέρος εκπρόσωποι των ενδιαφερομένων οργανώσεων, οι οποίοι εξέθεσαν τας απόψεις των. Τα σχετικά στοιχεία θα διαβιβασθούν εις τας αρμοδίας υπηρεσίας προς περαιτέρω μελέτην και επεξεργασίαν.
ΓΕΝΙΚΕΥΕΤΑΙ Ο ΑΓΩΝ ΔΙΑ ΤΗΝ ΚΑΘΑΡΙΟΤΗΤΑ ΤΗΣ ΛΙΜΝΗΣ ΑΝΑΤΟΛΙΚΗΣ
Ως ανεκοινώθη χθες υπό του αρμοδίου υπουργείου, η κατάστασις εξακολουθεί να είναι ανησυχητική διά τους παραγωγούς της περιοχής, οι οποίοι ζητούν την άμεσον λήψιν μέτρων. Κατά τας πληροφορίας μας, το ζήτημα θα εξετασθή εις την προσεχή σύσκεψιν των αρμοδίων παραγόντων, κατά την οποίαν θα ληφθούν σχετικαί αποφάσεις. Αι σχετικαί προτάσεις υπεβλήθησαν ήδη και αναμένεται η έγκρισίς των εντός των ημερών. Επίσης εζητήθη όπως παρασχεθή ενίσχυσις εις τους πληγέντας και ρυθμισθούν αι οφειλαί των προς την Αγροτικήν Τράπεζαν. Ο κ. υπουργός εδήλωσεν ότι η κυβέρνησις παρακολουθεί στενώς το θέμα και ότι θα ληφθή πάσα μέριμνα διά την ταχείαν αντιμετώπισίν του. Εις την σύσκεψιν έλαβον μέρος εκπρόσωποι των ενδιαφερομένων οργανώσεων, οι οποίοι εξέθεσαν τας απόψεις των. Τα σχετικά στοιχεία θα διαβιβασθούν εις τας αρμοδίας υπηρεσίας προς περαιτέρω μελέτην και επεξεργασίαν.
ΠΑΡΕΤΑΘΗ Η ΙΣΧΥΣ ΤΩΝ ΑΔΕΙΩΝ ΚΥΚΛΟΦΟΡΙΑΣ ΑΥΤΟΚΙΝΗΤΩΝ
Καθ' όλην την διάρκειαν της ημέρας επικρατεί ζωηρά κίνησις εις την πόλιν, οι δε κάτοικοι παρακολουθούν με ενδιαφέρον την εξέλιξιν των πραγμάτων. Αι αρχαί έλαβον έκτακτα μέτρα διά την τήρησιν της τάξεως, ενώ αι ανακρίσεις συνεχίζονται. Ως ανεκοινώθη χθες υπό του αρμοδίου υπουργείου, η κατάστασις εξακολουθεί να είναι ανησυχητική διά τους παραγωγούς της περιοχής, οι οποίοι ζητούν την άμεσον λήψιν μέτρων. Κατά τας πληροφορίας μας, το ζήτημα θα εξετασθή εις την προσεχή σύσκεψιν των αρμοδίων παραγόντων, κατά την οποίαν θα ληφθούν σχετικαί αποφάσεις. Αι σχετικαί προτάσεις υπεβλήθησαν ήδη και αναμένεται η έγκρισίς των εντός των ημερών. Επίσης εζητήθη όπως παρασχεθή ενίσχυσις εις τους πληγέντας και ρυθμισθούν αι οφειλαί των προς την Αγροτικήν Τράπεζαν. Ο κ. υπουργός εδήλωσεν ότι η κυβέρνησις παρακολουθεί στενώς το θέμα και ότι θα ληφθή πάσα μέριμνα διά την ταχείαν αντιμετώπισίν του. Εις την σύσκεψιν έλαβον μέρος εκπρόσωποι των ενδιαφερομένων οργανώσεων, οι οποίοι εξέθεσαν τας απόψεις των. Τα σχετικά στοιχεία θα διαβιβασθούν εις τας αρμοδίας υπηρεσίας προς περαιτέρω μελέτην και επεξεργασίαν.
ΔΙΑΜΑΡΤΥΡΙΑ ΤΗΣ ΑΝ. ΓΕΡΜΑΝΙΑΣ
Ως ανεκοινώθη χθες υπό του αρμοδίου υπουργείου, η κατάστασις εξακολουθεί να είναι ανησυχητική διά τους παραγωγούς της περιοχής, οι οποίοι ζητούν την άμεσον λήψιν μέτρων. Κατά τας πληροφορίας μας, το ζήτημα θα εξετασθή εις την προσεχή σύσκεψιν των αρμοδίων παραγόντων, κατά την οποίαν θα ληφθούν σχετικαί αποφάσεις. Αι σχετικαί προτάσεις υπεβλήθησαν ήδη και αναμένεται η έγκρισίς των εντός των ημερών. Επίσης εζητήθη όπως παρασχεθή ενίσχυσις εις τους πληγέντας και ρυθμισθούν αι οφειλαί των προς την Αγροτικήν Τράπεζαν. Καθ' όλην την διάρκειαν της ημέρας επικρατεί ζωηρά κίνησις εις την πόλιν, οι δε κάτοικοι παρακολουθούν με ενδιαφέρον την εξέλιξιν των πραγμάτων. Αι αρχαί έλαβον έκτακτα μέτρα διά την τήρησιν της τάξεως, ενώ αι ανακρίσεις συνεχίζονται.
ΔΕΝ ΑΠΑΙΤΕΙΤΑΙ ΑΔΕΙΑ ΔΙ' ΙΔΡΥΣΙΝ ΣΑΠΩΝΟΠΟΙΕΙΩΝ
Ο κ. υπουργός εδήλωσεν ότι η κυβέρνησις παρακολουθεί στενώς το θέμα και ότι θα ληφθή πάσα μέριμνα διά την ταχείαν αντιμετώπισίν του. Εις την σύσκεψιν έλαβον μέρος εκπρόσωποι των ενδιαφερομένων οργανώσεων, οι οποίοι εξέθεσαν τας απόψεις των. Τα σχετικά στοιχεία θα διαβιβασθούν εις τας αρμοδίας υπηρεσίας προς περαιτέρω μελέτην και επεξεργασίαν.
ΑΦΙΧΘΗ ΚΑΙ ΑΝΕΛΑΒΕ ΤΑ ΚΑΘΗΚΟΝΤΑ ΤΟΥ Ο ΥΦΥΠΟΥΡΓΟΣ ΒΟΡ. ΕΛΛΑΔΟΣ
ΕΚΑΜΕ ΣΥΣΤΑΣΕΙΣ ΠΡΟΣ ΤΟΥΣ ΥΠΑΛΛΗΛΟΥΣ
Ως ανεκοινώθη χθες υπό του αρμοδίου υπουργείου, η κατάστασις εξακολουθεί να είναι ανησυχητική διά τους παραγωγούς της περιοχής, οι οποίοι ζητούν την άμεσον λήψιν μέτρων. Κατά τας πληροφορίας μας, το ζήτημα θα εξετασθή εις την προσεχή σύσκεψιν των αρμοδίων παραγόντων, κατά την οποίαν θα ληφθούν σχετικαί αποφάσεις. Αι σχετικαί προτάσεις υπεβλήθησαν ήδη και αναμένεται η έγκρισίς των εντός των ημερών. Επίσης εζητήθη όπως παρασχεθή ενίσχυσις εις τους πληγέντας και ρυθμισθούν αι οφειλαί των προς την Αγροτικήν Τράπεζαν. Ο κ. υπουργός εδήλωσεν ότι η κυβέρνησις παρακολουθεί στενώς το θέμα και ότι θα ληφθή πάσα μέριμνα διά την ταχείαν αντιμετώπισίν του. Εις την σύσκεψιν έλαβον μέρος εκπρόσωποι των ενδιαφερομένων οργανώσεων, οι οποίοι εξέθεσαν τας απόψεις των. Τα σχετικά στοιχεία θα διαβιβασθούν εις τας αρμοδίας υπηρεσίας προς περαιτέρω μελέτην και επεξεργασίαν. Καθ' όλην την διάρκειαν της ημέρας επικρατεί ζωηρά κίνησις εις την πόλιν, οι δε κάτοικοι παρακολουθούν με ενδιαφέρον την εξέλιξιν των πραγμάτων. Αι αρχαί έλαβον έκτακτα μέτρα διά την τήρησιν της τάξεως, ενώ αι ανακρίσεις συνεχίζονται.
ΧΑΙΡΕΤΙΣΜΟΣ ΤΟΥ κ. ΜΑΝΕΝΤΗ
Ως ανεκοινώθη χθες υπό του αρμοδίου υπουργείου, η κατάστασις εξακολουθεί να είναι ανησυχητική διά τους παραγωγούς της περιοχής, οι οποίοι ζητούν την άμεσον λήψιν μέτρων. Κατά τας πληροφορίας μας, το ζήτημα θα εξετασθή εις την προσεχή σύσκεψιν των αρμοδίων παραγόντων, κατά την οποίαν θα ληφθούν σχετικαί αποφάσεις. Αι σχετικαί προτάσεις υπεβλήθησαν ήδη και αναμένεται η έγκρισίς των εντός των ημερών. Επίσης εζητήθη όπως παρασχεθή ενίσχυσις εις τους πληγέντας και ρυθμισθούν αι οφειλαί των προς την Αγροτικήν Τράπεζαν. Ο κ. υπουργός εδήλωσεν ότι η κυβέρνησις παρακολουθεί στενώς το θέμα και ότι θα ληφθή πάσα μέριμνα διά την ταχείαν αντιμετώπισίν του. Εις την σύσκεψιν έλαβον μέρος εκπρόσωποι των ενδιαφερομένων οργανώσεων, οι οποίοι εξέθεσαν τας απόψεις των. Τα σχετικά στοιχεία θα διαβιβασθούν εις τας αρμοδίας υπηρεσίας προς περαιτέρω μελέτην και επεξεργασίαν. Καθ' όλην την διάρκειαν της ημέρας επικρατεί ζωηρά κίνησις εις την πόλιν, οι δε κάτοικοι παρακολουθούν με ενδιαφέρον την εξέλιξιν των πραγμάτων. Αι αρχαί έλαβον έκτακτα μέτρα διά την τήρησιν της τάξεως, ενώ αι ανακρίσεις συνεχίζονται. Ως ανεκοινώθη χθες υπό του αρμοδίου υπουργείου, η κατάστασις εξακολουθεί να είναι ανησυχητική διά τους παραγωγούς της περιοχής, οι οποίοι ζητούν την άμεσον λήψιν μέτρων. Κατά τας πληροφορίας μας, το ζήτημα θα εξετασθή εις την προσεχή σύσκεψιν των αρμοδίων παραγόντων, κατά την οποίαν θα ληφθούν σχετικαί αποφάσεις. Αι σχετικαί προτάσεις υπεβλήθησαν ήδη και αναμένεται η έγκρισίς των εντός των ημερών. Επίσης εζητήθη όπως παρασχεθή ενίσχυσις εις τους πληγέντας και ρυθμισθούν αι οφειλαί των προς την Αγροτικήν Τράπεζαν.
ΕΤΕΡΑ ΕΞ ΚΡΟΥΣΜΑΤΑ ΠΟΛΙΟΜΥΕΛΙΤΙΔΟΣ ΕΙΣ ΤΗΝ ΒΟΡΕΙΟΝ ΕΛΛΑΔΑ ΚΑΙ ΘΕΣΣΑΛΙΑΝ
ΕΠΙΔΗΜΙΑ ΕΝΕΣΚΗΨΕΝ ΕΙΣ ΤΗΝ ΛΙΒΥΗΝ
Ο κ. υπουργός εδήλωσεν ότι η κυβέρνησις παρακολουθεί στενώς το θέμα και ότι θα ληφθή πάσα μέριμνα διά την ταχείαν αντιμετώπισίν του. Εις την σύσκεψιν έλαβον μέρος εκπρόσωποι των ενδιαφερομένων οργανώσεων, οι οποίοι εξέθεσαν τας απόψεις των. Τα σχετικά στοιχεία θα διαβιβασθούν εις τας αρμοδίας υπηρεσίας προς περαιτέρω μελέτην και επεξεργασίαν. Ως ανεκοινώθη χθες υπό του αρμοδίου υπουργείου, η κατάστασις εξακολουθεί να είναι ανησυχητική διά τους παραγωγούς της περιοχής, οι οποίοι ζητούν την άμεσον λήψιν μέτρων. Κατά τας πληροφορίας μας, το ζήτημα θα εξετασθή εις την προσεχή σύσκεψιν των αρμοδίων παραγόντων, κατά την οποίαν θα ληφθούν σχετικαί αποφάσεις. Αι σχετικαί προτάσεις υπεβλήθησαν ήδη και αναμένεται η έγκρισίς των εντός των ημερών. Επίσης εζητήθη όπως παρασχεθή ενίσχυσις εις τους πληγέντας και ρυθμισθούν αι οφειλαί των προς την Αγροτικήν Τράπεζαν.
ΕΠΙΔΗΜΙΑ ΕΙΣ ΛΙΒΥΗΝ
Καθ' όλην την διάρκειαν της ημέρας επικρατεί ζωηρά κίνησις εις την πόλιν, οι δε κάτοικοι παρακολουθούν με ενδιαφέρον την εξέλιξιν των πραγμάτων. Αι αρχαί έλαβον έκτακτα μέτρα διά την τήρησιν της τάξεως, ενώ αι ανακρίσεις συνεχίζονται.
ΚΑΙ ΕΙΣ ΛΑΡΙΣΑΝ
Ως ανεκοινώθη χθες υπό του αρμοδίου υπουργείου, η κατάστασις εξακολουθεί να είναι ανησυχητική διά τους παραγωγούς της περιοχής, οι οποίοι ζητούν την άμεσον λήψιν μέτρων. Κατά τας πληροφορίας μας, το ζήτημα θα εξετασθή εις την προσεχή σύσκεψιν των αρμοδίων παραγόντων, κατά την οποίαν θα ληφθούν σχετικαί αποφάσεις. Αι σχετικαί προτάσεις υπεβλήθησαν ήδη και αναμένεται η έγκρισίς των εντός των ημερών. Επίσης εζητήθη όπως παρασχεθή ενίσχυσις εις τους πληγέντας και ρυθμισθούν αι οφειλαί των προς την Αγροτικήν Τράπεζαν.
ΕΠΕΚΤΑΣΙΝ ΤΗΣ ΝΕΑΣ ΚΑΛΛΙΕΡΓΕΙΑΣ ΚΑΠΝΟΥ ΔΙΕΠΙΣΤΩΣΕΝ Ο ΠΡΟΕΔΡΟΣ ΤΟΥ Ε.Ο.Κ. ΚΑΤΑ ΤΗΝ ΠΕΡΙΟΔΕΙΑΝ ΤΟΥ ΕΙΣ ΒΟΡ. ΕΛΛΑΔΑ
Ως ανεκοινώθη χθες υπό του αρμοδίου υπουργείου, η κατάστασις εξακολουθεί να είναι ανησυχητική διά τους παραγωγούς της περιοχής, οι οποίοι ζητούν την άμεσον λήψιν μέτρων. Κατά τας πληροφορίας μας, το ζήτημα θα εξετασθή εις την προσεχή σύσκεψιν των αρμοδίων παραγόντων, κατά την οποίαν θα ληφθούν σχετικαί αποφάσεις. Αι σχετικαί προτάσεις υπεβλήθησαν ήδη και αναμένεται η έγκρισίς των εντός των ημερών. Επίσης εζητήθη όπως παρασχεθή ενίσχυσις εις τους πληγέντας και ρυθμισθούν αι οφειλαί των προς την Αγροτικήν Τράπεζαν. Ο κ. υπουργός εδήλωσεν ότι η κυβέρνησις παρακολουθεί στενώς το θέμα και ότι θα ληφθή πάσα μέριμνα διά την ταχείαν αντιμετώπισίν του. Εις την σύσκεψιν έλαβον μέρος εκπρόσωποι των ενδιαφερομένων οργανώσεων, οι οποίοι εξέθεσαν τας απόψεις των. Τα σχετικά στοιχεία θα διαβιβασθούν εις τας αρμοδίας υπηρεσίας προς περαιτέρω μελέτην και επεξεργασίαν. Καθ' όλην την διάρκειαν της ημέρας επικρατεί ζωηρά κίνησις εις την πόλιν, οι δε κάτοικοι παρακολουθούν με ενδιαφέρον την εξέλιξιν των πραγμάτων. Αι αρχαί έλαβον έκτακτα μέτρα διά την τήρησιν της τάξεως, ενώ αι ανακρίσεις συνεχίζονται. Ως ανεκοινώθη χθες υπό του αρμοδίου υπουργείου, η κατάστασις εξακολουθεί να είναι ανησυχητική διά τους παραγωγούς της περιοχής, οι οποίοι ζητούν την άμεσον λήψιν μέτρων. Κατά τας πληροφορίας μας, το ζήτημα θα εξετασθή εις την προσεχή σύσκεψιν των αρμοδίων παραγόντων, κατά την οποίαν θα ληφθούν σχετικαί αποφάσεις. Αι σχετικαί προτάσεις υπεβλήθησαν ήδη και αναμένεται η έγκρισίς των εντός των ημερών. Επίσης εζητήθη όπως παρασχεθή ενίσχυσις εις τους πληγέντας και ρυθμισθούν αι οφειλαί των προς την Αγροτικήν Τράπεζαν.
ΖΗΤΕΙΤΑΙ Η ΛΗΨΙΣ ΔΡΑΣΤΙΚΩΝ ΜΕΤΡΩΝ ΥΠΟ ΤΟΥ Ο.Γ.Α. ΠΡΟΣ ΑΠΟΚΑΤΑΣΤΑΣΙΝ ΤΩΝ ΖΗΜΙΩΝ ΕΚ ΤΗΣ ΧΑΛΑΖΗΣ
ΑΘΗΝΑΙ, 20.— Ο κ. υπουργός εδήλωσεν ότι η κυβέρνησις παρακολουθεί στενώς το θέμα και ότι θα ληφθή πάσα μέριμνα διά την ταχείαν αντιμετώπισίν του. Εις την σύσκεψιν έλαβον μέρος εκπρόσωποι των ενδιαφερομένων οργανώσεων, οι οποίοι εξέθεσαν τας απόψεις των. Τα σχετικά στοιχεία θα διαβιβασθούν εις τας αρμοδίας υπηρεσίας προς περαιτέρω μελέτην και επεξεργασίαν. Ως ανεκοινώθη χθες υπό του αρμοδίου υπουργείου, η κατάστασις εξακολουθεί να είναι ανησυχητική διά τους παραγωγούς της περιοχής, οι οποίοι ζητούν την άμεσον λήψιν μέτρων. Κατά τας πληροφορίας μας, το ζήτημα θα εξετασθή εις την προσεχή σύσκεψιν των αρμοδίων παραγόντων, κατά την οποίαν θα ληφθούν σχετικαί αποφάσεις. Αι σχετικαί προτάσεις υπεβλήθησαν ήδη και αναμένεται η έγκρισίς των εντός των ημερών. Επίσης εζητήθη όπως παρασχεθή ενίσχυσις εις τους πληγέντας και ρυθμισθούν αι οφειλαί των προς την Αγροτικήν Τράπεζαν. Καθ' όλην την διάρκειαν της ημέρας επικρατεί ζωηρά κίνησις εις την πόλιν, οι δε κάτοικοι παρακολουθούν με ενδιαφέρον την εξέλιξιν των πραγμάτων. Αι αρχαί έλαβον έκτακτα μέτρα διά την τήρησιν της τάξεως, ενώ αι ανακρίσεις συνεχίζονται. Ο κ. υπουργός εδήλωσεν ότι η κυβέρνησις παρακολουθεί στενώς το θέμα και ότι θα ληφθή πάσα μέριμνα διά την ταχείαν αντιμετώπισίν του. Εις την σύσκεψιν έλαβον μέρος εκπρόσωποι των ενδιαφερομένων οργανώσεων, οι οποίοι εξέθεσαν τας απόψεις των. Τα σχετικά στοιχεία θα διαβιβασθούν εις τας αρμοδίας υπηρεσίας προς περαιτέρω μελέτην και επεξεργασίαν. Ως ανεκοινώθη χθες υπό του αρμοδίου υπουργείου, η κατάστασις εξακολουθεί να είναι ανησυχητική διά τους παραγωγούς της περιοχής, οι οποίοι ζητούν την άμεσον λήψιν μέτρων. Κατά τας πληροφορίας μας, το ζήτημα θα εξετασθή εις την προσεχή σύσκεψιν των αρμοδίων παραγόντων, κατά την οποίαν θα ληφθούν σχετικαί αποφάσεις. Αι σχετικαί προτάσεις υπεβλήθησαν ήδη και αναμένεται η έγκρισίς των εντός των ημερών. Επίσης εζητήθη όπως παρασχεθή ενίσχυσις εις τους πληγέντας και ρυθμισθούν αι οφειλαί των προς την Αγροτικήν Τράπεζαν.
Η ΕΠΟ ΑΠΕΦΑΣΙΣΕ ΤΗΝ ΣΥΓΚΡΟΤΗΣΙΝ ΕΠΙΤΡΟΠΗΣ ΔΙΑ ΤΑΣ ΚΑΤΑΓΓΕΛΙΑΣ ΣΥΝΕΝΝΟΗΜΕΝΩΝ ΑΓΩΝΩΝ
Καθ' όλην την διάρκειαν της ημέρας επικρατεί ζωηρά κίνησις εις την πόλιν, οι δε κάτοικοι παρακολουθούν με ενδιαφέρον την εξέλιξιν των πραγμάτων. Αι αρχαί έλαβον έκτακτα μέτρα διά την τήρησιν της τάξεως, ενώ αι ανακρίσεις συνεχίζονται. Ως ανεκοινώθη χθες υπό του αρμοδίου υπουργείου, η κατάστασις εξακολουθεί να είναι ανησυχητική διά τους παραγωγούς της περιοχής, οι οποίοι ζητούν την άμεσον λήψιν μέτρων. Κατά τας πληροφορίας μας, το ζήτημα θα εξετασθή εις την προσεχή σύσκεψιν των αρμοδίων παραγόντων, κατά την οποίαν θα ληφθούν σχετικαί αποφάσεις. Αι σχετικαί προτάσεις υπεβλήθησαν ήδη και αναμένεται η έγκρισίς των εντός των ημερών. Επίσης εζητήθη όπως παρασχεθή ενίσχυσις εις τους πληγέντας και ρυθμισθούν αι οφειλαί των προς την Αγροτικήν Τράπεζαν. Ο κ. υπουργός εδήλωσεν ότι η κυβέρνησις παρακολουθεί στενώς το θέμα και ότι θα ληφθή πάσα μέριμνα διά την ταχείαν αντιμετώπισίν του. Εις την σύσκεψιν έλαβον μέρος εκπρόσωποι των ενδιαφερομένων οργανώσεων, οι οποίοι εξέθεσαν τας απόψεις των. Τα σχετικά στοιχεία θα διαβιβασθούν εις τας αρμοδίας υπηρεσίας προς περαιτέρω μελέτην και επεξεργασίαν. Καθ' όλην την διάρκειαν της ημέρας επικρατεί ζωηρά κίνησις εις την πόλιν, οι δε κάτοικοι παρακολουθούν με ενδιαφέρον την εξέλιξιν των πραγμάτων. Αι αρχαί έλαβον έκτακτα μέτρα διά την τήρησιν της τάξεως, ενώ αι ανακρίσεις συνεχίζονται.
ΕΙΣ ΑΠΟΛΟΓΙΑΝ
Ως ανεκοινώθη χθες υπό του αρμοδίου υπουργείου, η κατάστασις εξακολουθεί να είναι ανησυχητική διά τους παραγωγούς της περιοχής, οι οποίοι ζητούν την άμεσον λήψιν μέτρων. Κατά τας πληροφορίας μας, το ζήτημα θα εξετασθή εις την προσεχή σύσκεψιν των αρμοδίων παραγόντων, κατά την οποίαν θα ληφθούν σχετικαί αποφάσεις. Αι σχετικαί προτάσεις υπεβλήθησαν ήδη και αναμένεται η έγκρισίς των εντός των ημερών. Επίσης εζητήθη όπως παρασχεθή ενίσχυσις εις τους πληγέντας και ρυθμισθούν αι οφειλαί των προς την Αγροτικήν Τράπεζαν. Ο κ. υπουργός εδήλωσεν ότι η κυβέρνησις παρακολουθεί στενώς το θέμα και ότι θα ληφθή πάσα μέριμνα διά την ταχείαν αντιμετώπισίν του. Εις την σύσκεψιν έλαβον μέρος εκπρόσωποι των ενδιαφερομένων οργανώσεων, οι οποίοι εξέθεσαν τας απόψεις των. Τα σχετικά στοιχεία θα διαβιβασθούν εις τας αρμοδίας υπηρεσίας προς περαιτέρω μελέτην και επεξεργασίαν.
ΘΟΡΥΒΩΔΗΣ ΕΚΔΗΛΩΣΙΣ ΤΩΝ ΤΕΑ ΗΡΑΚΛΕΙΟΥ ΕΙΧΕ ΔΥΣΜΕΝΗ ΑΠΗΧΗΣΙΝ ΕΙΣ ΤΗΝ ΠΕΡΙΟΧΗΝ
Ο κ. υπουργός εδήλωσεν ότι η κυβέρνησις παρακολουθεί στενώς το θέμα και ότι θα ληφθή πάσα μέριμνα διά την ταχείαν αντιμετώπισίν του. Εις την σύσκεψιν έλαβον μέρος εκπρόσωποι των ενδιαφερομένων οργανώσεων, οι οποίοι εξέθεσαν τας απόψεις των. Τα σχετικά στοιχεία θα διαβιβασθούν εις τας αρμοδίας υπηρεσίας προς περαιτέρω μελέτην και επεξεργασίαν. Ως ανεκοινώθη χθες υπό του αρμοδίου υπουργείου, η κατάστασις εξακολουθεί να είναι ανησυχητική διά τους παραγωγούς της περιοχής, οι οποίοι ζητούν την άμεσον λήψιν μέτρων. Κατά τας πληροφορίας μας, το ζήτημα θα εξετασθή εις την προσεχή σύσκεψιν των αρμοδίων παραγόντων, κατά την οποίαν θα ληφθούν σχετικαί αποφάσεις. Αι σχετικαί προτάσεις υπεβλήθησαν ήδη και αναμένεται η έγκρισίς των εντός των ημερών. Επίσης εζητήθη όπως παρασχεθή ενίσχυσις εις τους πληγέντας και ρυθμισθούν αι οφειλαί των προς την Αγροτικήν Τράπεζαν. Καθ' όλην την διάρκειαν της ημέρας επικρατεί ζωηρά κίνησις εις την πόλιν, οι δε κάτοικοι παρακολουθούν με ενδιαφέρον την εξέλιξιν των πραγμάτων. Αι αρχαί έλαβον έκτακτα μέτρα διά την τήρησιν της τάξεως, ενώ αι ανακρίσεις συνεχίζονται. Ο κ. υπουργός εδήλωσεν ότι η κυβέρνησις παρακολουθεί στενώς το θέμα και ότι θα ληφθή πάσα μέριμνα διά την ταχείαν αντιμετώπισίν του. Εις την σύσκεψιν έλαβον μέρος εκπρόσωποι των ενδιαφερομένων οργανώσεων, οι οποίοι εξέθεσαν τας απόψεις των. Τα σχετικά στοιχεία θα διαβιβασθούν εις τας αρμοδίας υπηρεσίας προς περαιτέρω μελέτην και επεξεργασίαν.
ΑΙ ΑΡΧΑΙ ΑΝΤΑΠΕΔΩΣΑΝ ΕΠΙ ΤΟΥ «ΚΑΜΠΕΡΑ» ΤΑΣ ΕΠΙΣΚΕΨΕΙΣ ΤΟΥ ΝΑΥΑΡΧΟΥ ΠΙΝΝΕΥ
Ως ανεκοινώθη χθες υπό του αρμοδίου υπουργείου, η κατάστασις εξακολουθεί να είναι ανησυχητική διά τους παραγωγούς της περιοχής, οι οποίοι ζητούν την άμεσον λήψιν μέτρων. Κατά τας πληροφορίας μας, το ζήτημα θα εξετασθή εις την προσεχή σύσκεψιν των αρμοδίων παραγόντων, κατά την οποίαν θα ληφθούν σχετικαί αποφάσεις. Αι σχετικαί προτάσεις υπεβλήθησαν ήδη και αναμένεται η έγκρισίς των εντός των ημερών. Επίσης εζητήθη όπως παρασχεθή ενίσχυσις εις τους πληγέντας και ρυθμισθούν αι οφειλαί των προς την Αγροτικήν Τράπεζαν. Καθ' όλην την διάρκειαν της ημέρας επικρατεί ζωηρά κίνησις εις την πόλιν, οι δε κάτοικοι παρακολουθούν με ενδιαφέρον την εξέλιξιν των πραγμάτων. Αι αρχαί έλαβον έκτακτα μέτρα διά την τήρησιν της τάξεως, ενώ αι ανακρίσεις συνεχίζονται. Ο κ. υπουργός εδήλωσεν ότι η κυβέρνησις παρακολουθεί στενώς το θέμα και ότι θα ληφθή πάσα μέριμνα διά την ταχείαν αντιμετώπισίν του. Εις την σύσκεψιν έλαβον μέρος εκπρόσωποι των ενδιαφερομένων οργανώσεων, οι οποίοι εξέθεσαν τας απόψεις των. Τα σχετικά στοιχεία θα διαβιβασθούν εις τας αρμοδίας υπηρεσίας προς περαιτέρω μελέτην και επεξεργασίαν. Ως ανεκοινώθη χθες υπό του αρμοδίου υπουργείου, η κατάστασις εξακολουθεί να είναι ανησυχητική διά τους παραγωγούς της περιοχής, οι οποίοι ζητούν την άμεσον λήψιν μέτρων. Κατά τας πληροφορίας μας, το ζήτημα θα εξετασθή εις την προσεχή σύσκεψιν των αρμοδίων παραγόντων, κατά την οποίαν θα ληφθούν σχετικαί αποφάσεις. Αι σχετικαί προτάσεις υπεβλήθησαν ήδη και αναμένεται η έγκρισίς των εντός των ημερών. Επίσης εζητήθη όπως παρασχεθή ενίσχυσις εις τους πληγέντας και ρυθμισθούν αι οφειλαί των προς την Αγροτικήν Τράπεζαν.
ΕΙΣ ΤΟ ΦΑΛΗΡΟΝ
Ο κ. υπουργός εδήλωσεν ότι η κυβέρνησις παρακολουθεί στενώς το θέμα και ότι θα ληφθή πάσα μέριμνα διά την ταχείαν αντιμετώπισίν του. Εις την σύσκεψιν έλαβον μέρος εκπρόσωποι των ενδιαφερομένων οργανώσεων, οι οποίοι εξέθεσαν τας απόψεις των. Τα σχετικά στοιχεία θα διαβιβασθούν εις τας αρμοδίας υπηρεσίας προς περαιτέρω μελέτην και επεξεργασίαν. Καθ' όλην την διάρκειαν της ημέρας επικρατεί ζωηρά κίνησις εις την πόλιν, οι δε κάτοικοι παρακολουθούν με ενδιαφέρον την εξέλιξιν των πραγμάτων. Αι αρχαί έλαβον έκτακτα μέτρα διά την τήρησιν της τάξεως, ενώ αι ανακρίσεις συνεχίζονται.
ΚΑΙ ΕΙΣ ΤΗΝ ΡΟΔΟΝ
Ως ανεκοινώθη χθες υπό του αρμοδίου υπουργείου, η κατάστασις εξακολουθεί να είναι ανησυχητική διά τους παραγωγούς της περιοχής, οι οποίοι ζητούν την άμεσον λήψιν μέτρων. Κατά τας πληροφορίας μας, το ζήτημα θα εξετασθή εις την προσεχή σύσκεψιν των αρμοδίων παραγόντων, κατά την οποίαν θα ληφθούν σχετικαί αποφάσεις. Αι σχετικαί προτάσεις υπεβλήθησαν ήδη και αναμένεται η έγκρισίς των εντός των ημερών. Επίσης εζητήθη όπως παρασχεθή ενίσχυσις εις τους πληγέντας και ρυθμισθούν αι οφειλαί των προς την Αγροτικήν Τράπεζαν. Ο κ. υπουργός εδήλωσεν ότι η κυβέρνησις παρακολουθεί στενώς το θέμα και ότι θα ληφθή πάσα μέριμνα διά την ταχείαν αντιμετώπισίν του. Εις την σύσκεψιν έλαβον μέρος εκπρόσωποι των ενδιαφερομένων οργανώσεων, οι οποίοι εξέθεσαν τας απόψεις των. Τα σχετικά στοιχεία θα διαβιβασθούν εις τας αρμοδίας υπηρεσίας προς περαιτέρω μελέτην και επεξεργασίαν.
Ο ΚΟΜΗΣ ΚΟΥΝΤΕΝΧΟΒΕ ΠΡΟΤΕΙΝΕΙ ΔΙΑΣΚΕΨΙΝ ΝΑΤΟ ΚΑΙ ΧΩΡΩΝ ΣΥΜΦΩΝΟΥ ΒΑΡΣΟΒΙΑΣ
Ως ανεκοινώθη χθες υπό του αρμοδίου υπουργείου, η κατάστασις εξακολουθεί να είναι ανησυχητική διά τους παραγωγούς της περιοχής, οι οποίοι ζητούν την άμεσον λήψιν μέτρων. Κατά τας πληροφορίας μας, το ζήτημα θα εξετασθή εις την προσεχή σύσκεψιν των αρμοδίων παραγόντων, κατά την οποίαν θα ληφθούν σχετικαί αποφάσεις. Αι σχετικαί προτάσεις υπεβλήθησαν ήδη και αναμένεται η έγκρισίς των εντός των ημερών. Επίσης εζητήθη όπως παρασχεθή ενίσχυσις εις τους πληγέντας και ρυθμισθούν αι οφειλαί των προς την Αγροτικήν Τράπεζαν. Ο κ. υπουργός εδήλωσεν ότι η κυβέρνησις παρακολουθεί στενώς το θέμα και ότι θα ληφθή πάσα μέριμνα διά την ταχείαν αντιμετώπισίν του. Εις την σύσκεψιν έλαβον μέρος εκπρόσωποι των ενδιαφερομένων οργανώσεων, οι οποίοι εξέθεσαν τας απόψεις των. Τα σχετικά στοιχεία θα διαβιβασθούν εις τας αρμοδίας υπηρεσίας προς περαιτέρω μελέτην και επεξεργασίαν. Καθ' όλην την διάρκειαν της ημέρας επικρατεί ζωηρά κίνησις εις την πόλιν, οι δε κάτοικοι παρακολουθούν με ενδιαφέρον την εξέλιξιν των πραγμάτων. Αι αρχαί έλαβον έκτακτα μέτρα διά την τήρησιν της τάξεως, ενώ αι ανακρίσεις συνεχίζονται.
Ο ΧΑΙ-ΛΕ ΣΕΛΑΣΣΙΕ ΘΑ ΕΠΙΣΚΕΦΘΗ ΤΟ ΚΑΙ-ΡΟΝ ΔΙΑ ΣΥΝΟΜΙΛΙΑΣ
Καθ' όλην την διάρκειαν της ημέρας επικρατεί ζωηρά κίνησις εις την πόλιν, οι δε κάτοικοι παρακολουθούν με ενδιαφέρον την εξέλιξιν των πραγμάτων. Αι αρχαί έλαβον έκτακτα μέτρα διά την τήρησιν της τάξεως, ενώ αι ανακρίσεις συνεχίζονται. Ως ανεκοινώθη χθες υπό του αρμοδίου υπουργείου, η κατάστασις εξακολουθεί να είναι ανησυχητική διά τους παραγωγούς της περιοχής, οι οποίοι ζητούν την άμεσον λήψιν μέτρων. Κατά τας πληροφορίας μας, το ζήτημα θα εξετασθή εις την προσεχή σύσκεψιν των αρμοδίων παραγόντων, κατά την οποίαν θα ληφθούν σχετικαί αποφάσεις. Αι σχετικαί προτάσεις υπεβλήθησαν ήδη και αναμένεται η έγκρισίς των εντός των ημερών. Επίσης εζητήθη όπως παρασχεθή ενίσχυσις εις τους πληγέντας και ρυθμισθούν αι οφειλαί των προς την Αγροτικήν Τράπεζαν.
ΕΝΕΚΡΙΘΗ ΤΟ ΨΗΦΙΣΜΑ ΤΗΣ ΒΑΛΚΑΝΙΚΗΣ ΔΙΑΣΚΕΨΕΩΣ ΔΙΑ ΤΗΝ ΕΙΡΗΝΗΝ
Ο κ. υπουργός εδήλωσεν ότι η κυβέρνησις παρακολουθεί στενώς το θέμα και ότι θα ληφθή πάσα μέριμνα διά την ταχείαν αντιμετώπισίν του. Εις την σύσκεψιν έλαβον μέρος εκπρόσωποι των ενδιαφερομένων οργανώσεων, οι οποίοι εξέθεσαν τας απόψεις των. Τα σχετικά στοιχεία θα διαβιβασθούν εις τας αρμοδίας υπηρεσίας προς περαιτέρω μελέτην και επεξεργασίαν. Ως ανεκοινώθη χθες υπό του αρμοδίου υπουργείου, η κατάστασις εξακολουθεί να είναι ανησυχητική διά τους παραγωγούς της περιοχής, οι οποίοι ζητούν την άμεσον λήψιν μέτρων. Κατά τας πληροφορίας μας, το ζήτημα θα εξετασθή εις την προσεχή σύσκεψιν των αρμοδίων παραγόντων, κατά την οποίαν θα ληφθούν σχετικαί αποφάσεις. Αι σχετικαί προτάσεις υπεβλήθησαν ήδη και αναμένεται η έγκρισίς των εντός των ημερών. Επίσης εζητήθη όπως παρασχεθή ενίσχυσις εις τους πληγέντας και ρυθμισθούν αι οφειλαί των προς την Αγροτικήν Τράπεζαν.
ΓΕΡΜΑΝΟΣ ΣΥΝΤΑΚΤΗΣ ΗΡΝΗΘΗ ΝΑ ΑΠΟΚΑΛΥΨΗ ΕΠΑΓΓΕΛΜΑΤΙΚΑ ΜΥΣΤΙΚΑ ΤΟΥ
Ως ανεκοινώθη χθες υπό του αρμοδίου υπουργείου, η κατάστασις εξακολουθεί να είναι ανησυχητική διά τους παραγωγούς της περιοχής, οι οποίοι ζητούν την άμεσον λήψιν μέτρων. Κατά τας πληροφορίας μας, το ζήτημα θα εξετασθή εις την προσεχή σύσκεψιν των αρμοδίων παραγόντων, κατά την οποίαν θα ληφθούν σχετικαί αποφάσεις. Αι σχετικαί προτάσεις υπεβλήθησαν ήδη και αναμένεται η έγκρισίς των εντός των ημερών. Επίσης εζητήθη όπως παρασχεθή ενίσχυσις εις τους πληγέντας και ρυθμισθούν αι οφειλαί των προς την Αγροτικήν Τράπεζαν. Καθ' όλην την διάρκειαν της ημέρας επικρατεί ζωηρά κίνησις εις την πόλιν, οι δε κάτοικοι παρακολουθούν με ενδιαφέρον την εξέλιξιν των πραγμάτων. Αι αρχαί έλαβον έκτακτα μέτρα διά την τήρησιν της τάξεως, ενώ αι ανακρίσεις συνεχίζονται.
ΜΥΣΤΙΚΗ ΟΡΓΑΝΩΣΙΣ ΔΙΑ ΤΟΥΡΚΙΑΝ ΜΕ ΕΔΡΑΝ ΕΙΣ ΤΟ ΕΞΩΤΕΡΙΚΟΝ
Ο κ. υπουργός εδήλωσεν ότι η κυβέρνησις παρακολουθεί στενώς το θέμα και ότι θα ληφθή πάσα μέριμνα διά την ταχείαν αντιμετώπισίν του. Εις την σύσκεψιν έλαβον μέρος εκπρόσωποι των ενδιαφερομένων οργανώσεων, οι οποίοι εξέθεσαν τας απόψεις των. Τα σχετικά στοιχεία θα διαβιβασθούν εις τας αρμοδίας υπηρεσίας προς περαιτέρω μελέτην και επεξεργασίαν. Ως ανεκοινώθη χθες υπό του αρμοδίου υπουργείου, η κατάστασις εξακολουθεί να είναι ανησυχητική διά τους παραγωγούς της περιοχής, οι οποίοι ζητούν την άμεσον λήψιν μέτρων. Κατά τας πληροφορίας μας, το ζήτημα θα εξετασθή εις την προσεχή σύσκεψιν των αρμοδίων παραγόντων, κατά την οποίαν θα ληφθούν σχετικαί αποφάσεις. Αι σχετικαί προτάσεις υπεβλήθησαν ήδη και αναμένεται η έγκρισίς των εντός των ημερών. Επίσης εζητήθη όπως παρασχεθή ενίσχυσις εις τους πληγέντας και ρυθμισθούν αι οφειλαί των προς την Αγροτικήν Τράπεζαν.
ΑΙ ΠΙΘΑΝΟΤΗΤΕΣ ΚΑΡΔΙΑΚΩΝ ΝΟΣΗΜΑΤΩΝ ΕΙΝΑΙ ΤΡΙΠΛΑΣΙΑΙ ΔΙΑ ΤΟΥΣ ΚΑΠΝΙΣΤΑΣ
Καθ' όλην την διάρκειαν της ημέρας επικρατεί ζωηρά κίνησις εις την πόλιν, οι δε κάτοικοι παρακολουθούν με ενδιαφέρον την εξέλιξιν των πραγμάτων. Αι αρχαί έλαβον έκτακτα μέτρα διά την τήρησιν της τάξεως, ενώ αι ανακρίσεις συνεχίζονται. Ο κ. υπουργός εδήλωσεν ότι η κυβέρνησις παρακολουθεί στενώς το θέμα και ότι θα ληφθή πάσα μέριμνα διά την ταχείαν αντιμετώπισίν του. Εις την σύσκεψιν έλαβον μέρος εκπρόσωποι των ενδιαφερομένων οργανώσεων, οι οποίοι εξέθεσαν τας απόψεις των. Τα σχετικά στοιχεία θα διαβιβασθούν εις τας αρμοδίας υπηρεσίας προς περαιτέρω μελέτην και επεξεργασίαν.
Ο ΕΟΡΤΑΣΜΟΣ ΤΗΣ ΜΑΧΗΣ ΤΟΥ ΛΑΧΑΝΑ
Ως ανεκοινώθη χθες υπό του αρμοδίου υπουργείου, η κατάστασις εξακολουθεί να είναι ανησυχητική διά τους παραγωγούς της περιοχής, οι οποίοι ζητούν την άμεσον λήψιν μέτρων. Κατά τας πληροφορίας μας, το ζήτημα θα εξετασθή εις την προσεχή σύσκεψιν των αρμοδίων παραγόντων, κατά την οποίαν θα ληφθούν σχετικαί αποφάσεις. Αι σχετικαί προτάσεις υπεβλήθησαν ήδη και αναμένεται η έγκρισίς των εντός των ημερών. Επίσης εζητήθη όπως παρασχεθή ενίσχυσις εις τους πληγέντας και ρυθμισθούν αι οφειλαί των προς την Αγροτικήν Τράπεζαν. Καθ' όλην την διάρκειαν της ημέρας επικρατεί ζωηρά κίνησις εις την πόλιν, οι δε κάτοικοι παρακολουθούν με ενδιαφέρον την εξέλιξιν των πραγμάτων. Αι αρχαί έλαβον έκτακτα μέτρα διά την τήρησιν της τάξεως, ενώ αι ανακρίσεις συνεχίζονται.
Ο κ. ΡΑΣΚ ΕΠΕΣΚΕΦΘΗ ΕΙΣ ΤΟ ΝΟΣΟΚΟΜΕΙΟΝ ΤΟΝ κ. ΣΤΙΚΕΡ
Ο κ. υπουργός εδήλωσεν ότι η κυβέρνησις παρακολουθεί στενώς το θέμα και ότι θα ληφθή πάσα μέριμνα διά την ταχείαν αντιμετώπισίν του. Εις την σύσκεψιν έλαβον μέρος εκπρόσωποι των ενδιαφερομένων οργανώσεων, οι οποίοι εξέθεσαν τας απόψεις των. Τα σχετικά στοιχεία θα διαβιβασθούν εις τας αρμοδίας υπηρεσίας προς περαιτέρω μελέτην και επεξεργασίαν. Ως ανεκοινώθη χθες υπό του αρμοδίου υπουργείου, η κατάστασις εξακολουθεί να είναι ανησυχητική διά τους παραγωγούς της περιοχής, οι οποίοι ζητούν την άμεσον λήψιν μέτρων. Κατά τας πληροφορίας μας, το ζήτημα θα εξετασθή εις την προσεχή σύσκεψιν των αρμοδίων παραγόντων, κατά την οποίαν θα ληφθούν σχετικαί αποφάσεις. Αι σχετικαί προτάσεις υπεβλήθησαν ήδη και αναμένεται η έγκρισίς των εντός των ημερών. Επίσης εζητήθη όπως παρασχεθή ενίσχυσις εις τους πληγέντας και ρυθμισθούν αι οφειλαί των προς την Αγροτικήν Τράπεζαν.
ΟΥΔΕΝ ΣΥΝΕΒΗ ΕΙΣ ΚΩΝΣΤΑΝΤΙΝΗΝ
Καθ' όλην την διάρκειαν της ημέρας επικρατεί ζωηρά κίνησις εις την πόλιν, οι δε κάτοικοι παρακολουθούν με ενδιαφέρον την εξέλιξιν των πραγμάτων. Αι αρχαί έλαβον έκτακτα μέτρα διά την τήρησιν της τάξεως, ενώ αι ανακρίσεις συνεχίζονται.
ΔΟΚΙΜΟΙ ΤΗΣ Η.Α.Δ. ΕΙΣ ΤΗΝ ΑΚΡΑ
Ως ανεκοινώθη χθες υπό του αρμοδίου υπουργείου, η κατάστασις εξακολουθεί να είναι ανησυχητική διά τους παραγωγούς της περιοχής, οι οποίοι ζητούν την άμεσον λήψιν μέτρων. Κατά τας πληροφορίας μας, το ζήτημα θα εξετασθή εις την προσεχή σύσκεψιν των αρμοδίων παραγόντων, κατά την οποίαν θα ληφθούν σχετικαί αποφάσεις. Αι σχετικαί προτάσεις υπεβλήθησαν ήδη και αναμένεται η έγκρισίς των εντός των ημερών. Επίσης εζητήθη όπως παρασχεθή ενίσχυσις εις τους πληγέντας και ρυθμισθούν αι οφειλαί των προς την Αγροτικήν Τράπεζαν.
ΕΠΙΣΤΗΜΟΝΙΚΗ ΣΥΝΕΡΓΑΣΙΑ ΚΙΝΑΣ ΚΑΙ ΣΟΒ. ΕΝΩΣΕΩΣ
Ο κ. υπουργός εδήλωσεν ότι η κυβέρνησις παρακολουθεί στενώς το θέμα και ότι θα ληφθή πάσα μέριμνα διά την ταχείαν αντιμετώπισίν του. Εις την σύσκεψιν έλαβον μέρος εκπρόσωποι των ενδιαφερομένων οργανώσεων, οι οποίοι εξέθεσαν τας απόψεις των. Τα σχετικά στοιχεία θα διαβιβασθούν εις τας αρμοδίας υπηρεσίας προς περαιτέρω μελέτην και επεξεργασίαν.
ΤΥΧΗΡΟΣ ΤΟΥ ΣΟΥΗΔΙΚΗ ΠΑΙΧΝΙΔΙΟΥ ΑΝΩΝΥΜΙΑΝ
Καθ' όλην την διάρκειαν της ημέρας επικρατεί ζωηρά κίνησις εις την πόλιν, οι δε κάτοικοι παρακολουθούν με ενδιαφέρον την εξέλιξιν των πραγμάτων. Αι αρχαί έλαβον έκτακτα μέτρα διά την τήρησιν της τάξεως, ενώ αι ανακρίσεις συνεχίζονται. Ως ανεκοινώθη χθες υπό του αρμοδίου υπουργείου, η κατάστασις εξακολουθεί να είναι ανησυχητική διά τους παραγωγούς της περιοχής, οι οποίοι ζητούν την άμεσον λήψιν μέτρων. Κατά τας πληροφορίας μας, το ζήτημα θα εξετασθή εις την προσεχή σύσκεψιν των αρμοδίων παραγόντων, κατά την οποίαν θα ληφθούν σχετικαί αποφάσεις. Αι σχετικαί προτάσεις υπεβλήθησαν ήδη και αναμένεται η έγκρισίς των εντός των ημερών. Επίσης εζητήθη όπως παρασχεθή ενίσχυσις εις τους πληγέντας και ρυθμισθούν αι οφειλαί των προς την Αγροτικήν Τράπεζαν.
ΟΙ ΡΩΣΣΟΙ ΙΑΤΡΟΙ ΜΕ ΝΕΑΣ ΤΗΛΕΜΕΤΡΙΚΑΣ ΜΕΘΟΔΟΥΣ ΘΑ ΠΑΡΑΚΟΛΟΥΘΟΥΝ ΕΞ ΑΠΟΣΤΑΣΕΩΣ ΤΟΥΣ ΑΣΘΕΝΕΙΣ
ΤΟ ΜΥΣΤΙΚΟΝ ΤΟΥ ΚΑΡΚΙΝΟΥ ΥΠΑΡΧΕΙ ΕΙΣ ΤΟ ΔΙΣΠΙΣΜΑ
Ως ανεκοινώθη χθες υπό του αρμοδίου υπουργείου, η κατάστασις εξακολουθεί να είναι ανησυχητική διά τους παραγωγούς της περιοχής, οι οποίοι ζητούν την άμεσον λήψιν μέτρων. Κατά τας πληροφορίας μας, το ζήτημα θα εξετασθή εις την προσεχή σύσκεψιν των αρμοδίων παραγόντων, κατά την οποίαν θα ληφθούν σχετικαί αποφάσεις. Αι σχετικαί προτάσεις υπεβλήθησαν ήδη και αναμένεται η έγκρισίς των εντός των ημερών. Επίσης εζητήθη όπως παρασχεθή ενίσχυσις εις τους πληγέντας και ρυθμισθούν αι οφειλαί των προς την Αγροτικήν Τράπεζαν. Ο κ. υπουργός εδήλωσεν ότι η κυβέρνησις παρακολουθεί στενώς το θέμα και ότι θα ληφθή πάσα μέριμνα διά την ταχείαν αντιμετώπισίν του. Εις την σύσκεψιν έλαβον μέρος εκπρόσωποι των ενδιαφερομένων οργανώσεων, οι οποίοι εξέθεσαν τας απόψεις των. Τα σχετικά στοιχεία θα διαβιβασθούν εις τας αρμοδίας υπηρεσίας προς περαιτέρω μελέτην και επεξεργασίαν. Καθ' όλην την διάρκειαν της ημέρας επικρατεί ζωηρά κίνησις εις την πόλιν, οι δε κάτοικοι παρακολουθούν με ενδιαφέρον την εξέλιξιν των πραγμάτων. Αι αρχαί έλαβον έκτακτα μέτρα διά την τήρησιν της τάξεως, ενώ αι ανακρίσεις συνεχίζονται.
ΤΡΕΙΣ ΜΙΚΡΟΙ ΜΑΘΗΤΑΙ ΕΦΟΝΕΥΘΗΣΑΝ ΕΞ ΕΚΡΗΞΕΩΣ ΧΕΙΡΟΒΟΜΒΙΔΟΣ
Ως ανεκοινώθη χθες υπό του αρμοδίου υπουργείου, η κατάστασις εξακολουθεί να είναι ανησυχητική διά τους παραγωγούς της περιοχής, οι οποίοι ζητούν την άμεσον λήψιν μέτρων. Κατά τας πληροφορίας μας, το ζήτημα θα εξετασθή εις την προσεχή σύσκεψιν των αρμοδίων παραγόντων, κατά την οποίαν θα ληφθούν σχετικαί αποφάσεις. Αι σχετικαί προτάσεις υπεβλήθησαν ήδη και αναμένεται η έγκρισίς των εντός των ημερών. Επίσης εζητήθη όπως παρασχεθή ενίσχυσις εις τους πληγέντας και ρυθμισθούν αι οφειλαί των προς την Αγροτικήν Τράπεζαν.
ΔΡΑΠΕΤΗΣ ΤΩΝ ΦΥΛΑΚΩΝ ΤΗΣ ΚΑΣΣΑΝΔΡΑΣ ΣΥΝΕΛΗΦΘΗ ΕΙΣ ΛΑΡΙΣΑΝ
Ο κ. υπουργός εδήλωσεν ότι η κυβέρνησις παρακολουθεί στενώς το θέμα και ότι θα ληφθή πάσα μέριμνα διά την ταχείαν αντιμετώπισίν του. Εις την σύσκεψιν έλαβον μέρος εκπρόσωποι των ενδιαφερομένων οργανώσεων, οι οποίοι εξέθεσαν τας απόψεις των. Τα σχετικά στοιχεία θα διαβιβασθούν εις τας αρμοδίας υπηρεσίας προς περαιτέρω μελέτην και επεξεργασίαν.
Ο ΔΙΠΛΩΜΑΤΙΚΟΣ ΥΠΑΛΛΗΛΟΣ Λ. ΖΑΦΕΙΡΙΟΥ ΕΜΗΝΥΘΗ ΥΠΟ ΑΔΕΛΦΟΥ ΙΕΡΟΔΟΥΛΟΥ ΔΙΟΤΙ ΤΟΝ ΕΧΑΡΑΚΤΗΡΙΣΕΝ ΠΡΟΑΓΩΓΟΝ
ΑΘΗΝΑΙ, 20.— Καθ' όλην την διάρκειαν της ημέρας επικρατεί ζωηρά κίνησις εις την πόλιν, οι δε κάτοικοι παρακολουθούν με ενδιαφέρον την εξέλιξιν των πραγμάτων. Αι αρχαί έλαβον έκτακτα μέτρα διά την τήρησιν της τάξεως, ενώ αι ανακρίσεις συνεχίζονται. Ως ανεκοινώθη χθες υπό του αρμοδίου υπουργείου, η κατάστασις εξακολουθεί να είναι ανησυχητική διά τους παραγωγούς της περιοχής, οι οποίοι ζητούν την άμεσον λήψιν μέτρων. Κατά τας πληροφορίας μας, το ζήτημα θα εξετασθή εις την προσεχή σύσκεψιν των αρμοδίων παραγόντων, κατά την οποίαν θα ληφθούν σχετικαί αποφάσεις. Αι σχετικαί προτάσεις υπεβλήθησαν ήδη και αναμένεται η έγκρισίς των εντός των ημερών. Επίσης εζητήθη όπως παρασχεθή ενίσχυσις εις τους πληγέντας και ρυθμισθούν αι οφειλαί των προς την Αγροτικήν Τράπεζαν.
ΕΔΗΛΗΤΗΡΙΑΣΕ ΤΑΣ ΜΕΛΙΣΣΑΣ ΟΜΟΧΩΡΙΟΥ ΤΟΥ ΠΡΟΣ ΕΚΔΙΚΗΣΙΝ
Ο κ. υπουργός εδήλωσεν ότι η κυβέρνησις παρακολουθεί στενώς το θέμα και ότι θα ληφθή πάσα μέριμνα διά την ταχείαν αντιμετώπισίν του. Εις την σύσκεψιν έλαβον μέρος εκπρόσωποι των ενδιαφερομένων οργανώσεων, οι οποίοι εξέθεσαν τας απόψεις των. Τα σχετικά στοιχεία θα διαβιβασθούν εις τας αρμοδίας υπηρεσίας προς περαιτέρω μελέτην και επεξεργασίαν.
ΑΕΡΟΠΟΡΙΚΗ ΣΥΜΦΩΝΙΑ ΡΩΣΣΙΑΣ – ΑΙΓΥΠΤΟΥ
Ως ανεκοινώθη χθες υπό του αρμοδίου υπουργείου, η κατάστασις εξακολουθεί να είναι ανησυχητική διά τους παραγωγούς της περιοχής, οι οποίοι ζητούν την άμεσον λήψιν μέτρων. Κατά τας πληροφορίας μας, το ζήτημα θα εξετασθή εις την προσεχή σύσκεψιν των αρμοδίων παραγόντων, κατά την οποίαν θα ληφθούν σχετικαί αποφάσεις. Αι σχετικαί προτάσεις υπεβλήθησαν ήδη και αναμένεται η έγκρισίς των εντός των ημερών. Επίσης εζητήθη όπως παρασχεθή ενίσχυσις εις τους πληγέντας και ρυθμισθούν αι οφειλαί των προς την Αγροτικήν Τράπεζαν.
ΝΕΦΕΛΩΔΗΣ ΜΕΤΑ ΒΡΟΧΩΝ Ο ΚΑΙΡΟΣ ΕΙΣ ΒΟΡ. ΕΛΛΑΔΑ
30 ΝΕΚΡΟΙ ΕΚ ΤΡΟΠΙΚΗΣ ΘΥΕΛΛΗΣ ΕΙΣ ΝΟΤΙΟΝ ΚΟΡΕΑΝ
Ο κ. υπουργός εδήλωσεν ότι η κυβέρνησις παρακολουθεί στενώς το θέμα και ότι θα ληφθή πάσα μέριμνα διά την ταχείαν αντιμετώπισίν του. Εις την σύσκεψιν έλαβον μέρος εκπρόσωποι των ενδιαφερομένων οργανώσεων, οι οποίοι εξέθεσαν τας απόψεις των. Τα σχετικά στοιχεία θα διαβιβασθούν εις τας αρμοδίας υπηρεσίας προς περαιτέρω μελέτην και επεξεργασίαν. Ως ανεκοινώθη χθες υπό του αρμοδίου υπουργείου, η κατάστασις εξακολουθεί να είναι ανησυχητική διά τους παραγωγούς της περιοχής, οι οποίοι ζητούν την άμεσον λήψιν μέτρων. Κατά τας πληροφορίας μας, το ζήτημα θα εξετασθή εις την προσεχή σύσκεψιν των αρμοδίων παραγόντων, κατά την οποίαν θα ληφθούν σχετικαί αποφάσεις. Αι σχετικαί προτάσεις υπεβλήθησαν ήδη και αναμένεται η έγκρισίς των εντός των ημερών. Επίσης εζητήθη όπως παρασχεθή ενίσχυσις εις τους πληγέντας και ρυθμισθούν αι οφειλαί των προς την Αγροτικήν Τράπεζαν.
ΘΑ ΖΗΤΗΘΗ ΑΝΑΒΟΛΗ ΤΩΝ ΕΞΕΤΑΣΕΩΝ ΤΩΝ ΑΣΚΟΥΜΕΝΩΝ ΔΙΚΗΓΟΡΩΝ
Καθ' όλην την διάρκειαν της ημέρας επικρατεί ζωηρά κίνησις εις την πόλιν, οι δε κάτοικοι παρακολουθούν με ενδιαφέρον την εξέλιξιν των πραγμάτων. Αι αρχαί έλαβον έκτακτα μέτρα διά την τήρησιν της τάξεως, ενώ αι ανακρίσεις συνεχίζονται.
30 ΝΕΚΡΟΙ ΕΚ ΘΥΕΛΛΗΣ
Ως ανεκοινώθη χθες υπό του αρμοδίου υπουργείου, η κατάστασις εξακολουθεί να είναι ανησυχητική διά τους παραγωγούς της περιοχής, οι οποίοι ζητούν την άμεσον λήψιν μέτρων. Κατά τας πληροφορίας μας, το ζήτημα θα εξετασθή εις την προσεχή σύσκεψιν των αρμοδίων παραγόντων, κατά την οποίαν θα ληφθούν σχετικαί αποφάσεις. Αι σχετικαί προτάσεις υπεβλήθησαν ήδη και αναμένεται η έγκρισίς των εντός των ημερών. Επίσης εζητήθη όπως παρασχεθή ενίσχυσις εις τους πληγέντας και ρυθμισθούν αι οφειλαί των προς την Αγροτικήν Τράπεζαν.
4.000 ΑΜΕΡΙΚΑΝΟΙ ΑΠΟΒΙΒΑΣΘΗΣΟΝ ΚΑΙ ΕΓΚΑΤΑΣΤΑΘΟΥΝ ΑΠΟ ΧΡΥΣΙΝ ΑΛΚΟΑ
Ο κ. υπουργός εδήλωσεν ότι η κυβέρνησις παρακολουθεί στενώς το θέμα και ότι θα ληφθή πάσα μέριμνα διά την ταχείαν αντιμετώπισίν του. Εις την σύσκεψιν έλαβον μέρος εκπρόσωποι των ενδιαφερομένων οργανώσεων, οι οποίοι εξέθεσαν τας απόψεις των. Τα σχετικά στοιχεία θα διαβιβασθούν εις τας αρμοδίας υπηρεσίας προς περαιτέρω μελέτην και επεξεργασίαν.
ΑΥΞΗΣΙΝ ΣΗΜΕΙΩΣΑΝ ΚΑΤΑ ΤΟΝ ΜΑΙΟΝ ΑΙ ΚΑΤΑΘΕΣΕΙΣ ΙΔΙΩΤΩΝ ΕΙΣ ΤΑΣ ΤΡΑΠΕΖΑΣ
ΑΘΗΝΑΙ, 20.— Ως ανεκοινώθη χθες υπό του αρμοδίου υπουργείου, η κατάστασις εξακολουθεί να είναι ανησυχητική διά τους παραγωγούς της περιοχής, οι οποίοι ζητούν την άμεσον λήψιν μέτρων. Κατά τας πληροφορίας μας, το ζήτημα θα εξετασθή εις την προσεχή σύσκεψιν των αρμοδίων παραγόντων, κατά την οποίαν θα ληφθούν σχετικαί αποφάσεις. Αι σχετικαί προτάσεις υπεβλήθησαν ήδη και αναμένεται η έγκρισίς των εντός των ημερών. Επίσης εζητήθη όπως παρασχεθή ενίσχυσις εις τους πληγέντας και ρυθμισθούν αι οφειλαί των προς την Αγροτικήν Τράπεζαν. Καθ' όλην την διάρκειαν της ημέρας επικρατεί ζωηρά κίνησις εις την πόλιν, οι δε κάτοικοι παρακολουθούν με ενδιαφέρον την εξέλιξιν των πραγμάτων. Αι αρχαί έλαβον έκτακτα μέτρα διά την τήρησιν της τάξεως, ενώ αι ανακρίσεις συνεχίζονται.
ΕΙΔΙΚΗ ΜΕΤΑΧΕΙΡΙΣΙΣ ΔΙΑ ΤΟΝ ΚΛΑΔΟΝ ΤΩΝ ΖΗΤΕΙΤΑΙ ΥΠΟ ΤΩΝ ΔΙΚΑΣΤΙΚΩΝ ΥΠΑΛΛΗΛΩΝ
Ο κ. υπουργός εδήλωσεν ότι η κυβέρνησις παρακολουθεί στενώς το θέμα και ότι θα ληφθή πάσα μέριμνα διά την ταχείαν αντιμετώπισίν του. Εις την σύσκεψιν έλαβον μέρος εκπρόσωποι των ενδιαφερομένων οργανώσεων, οι οποίοι εξέθεσαν τας απόψεις των. Τα σχετικά στοιχεία θα διαβιβασθούν εις τας αρμοδίας υπηρεσίας προς περαιτέρω μελέτην και επεξεργασίαν. Ως ανεκοινώθη χθες υπό του αρμοδίου υπουργείου, η κατάστασις εξακολουθεί να είναι ανησυχητική διά τους παραγωγούς της περιοχής, οι οποίοι ζητούν την άμεσον λήψιν μέτρων. Κατά τας πληροφορίας μας, το ζήτημα θα εξετασθή εις την προσεχή σύσκεψιν των αρμοδίων παραγόντων, κατά την οποίαν θα ληφθούν σχετικαί αποφάσεις. Αι σχετικαί προτάσεις υπεβλήθησαν ήδη και αναμένεται η έγκρισίς των εντός των ημερών. Επίσης εζητήθη όπως παρασχεθή ενίσχυσις εις τους πληγέντας και ρυθμισθούν αι οφειλαί των προς την Αγροτικήν Τράπεζαν.
ΕΠΙΣΤΗΜΟΝΙΚΗ ΕΤΑΙΡΕΙΑ ΠΛΑΣΤΙΚΗΣ ΧΕΙΡΟΥΡΓΙΚΗΣ ΙΔΡΥΘΗ ΕΙΣ ΑΘΗΝΑΣ
Καθ' όλην την διάρκειαν της ημέρας επικρατεί ζωηρά κίνησις εις την πόλιν, οι δε κάτοικοι παρακολουθούν με ενδιαφέρον την εξέλιξιν των πραγμάτων. Αι αρχαί έλαβον έκτακτα μέτρα διά την τήρησιν της τάξεως, ενώ αι ανακρίσεις συνεχίζονται.
ΑΦΙΚΝΟΥΝΤΑΙ ΕΙΣ ΤΗΝ ΕΛΛΑΔΑ ΚΥΠΡΙΟΙ ΣΠΟΥΔΑΣΤΑΙ ΦΙΛΟΞΕΝΟΥΜΕΝΟΙ ΤΟΥ ΥΠΟΥΡΓΕΙΟΥ ΤΗΣ ΠΑΙΔΕΙΑΣ
Ως ανεκοινώθη χθες υπό του αρμοδίου υπουργείου, η κατάστασις εξακολουθεί να είναι ανησυχητική διά τους παραγωγούς της περιοχής, οι οποίοι ζητούν την άμεσον λήψιν μέτρων. Κατά τας πληροφορίας μας, το ζήτημα θα εξετασθή εις την προσεχή σύσκεψιν των αρμοδίων παραγόντων, κατά την οποίαν θα ληφθούν σχετικαί αποφάσεις. Αι σχετικαί προτάσεις υπεβλήθησαν ήδη και αναμένεται η έγκρισίς των εντός των ημερών. Επίσης εζητήθη όπως παρασχεθή ενίσχυσις εις τους πληγέντας και ρυθμισθούν αι οφειλαί των προς την Αγροτικήν Τράπεζαν. Ο κ. υπουργός εδήλωσεν ότι η κυβέρνησις παρακολουθεί στενώς το θέμα και ότι θα ληφθή πάσα μέριμνα διά την ταχείαν αντιμετώπισίν του. Εις την σύσκεψιν έλαβον μέρος εκπρόσωποι των ενδιαφερομένων οργανώσεων, οι οποίοι εξέθεσαν τας απόψεις των. Τα σχετικά στοιχεία θα διαβιβασθούν εις τας αρμοδίας υπηρεσίας προς περαιτέρω μελέτην και επεξεργασίαν. Καθ' όλην την διάρκειαν της ημέρας επικρατεί ζωηρά κίνησις εις την πόλιν, οι δε κάτοικοι παρακολουθούν με ενδιαφέρον την εξέλιξιν των πραγμάτων. Αι αρχαί έλαβον έκτακτα μέτρα διά την τήρησιν της τάξεως, ενώ αι ανακρίσεις συνεχίζονται.
Ο ΓΕΝ. ΓΡΑΜΜΑΤΕΥΣ ΤΟΥ Ο.Η.Ε. ΘΑ ΕΠΙΣΚΕΦΘΗ ΤΗΝ ΒΟΥΔΑΠΕΣΤΗΝ, ΤΗΝ ΣΟΦΙΑΝ ΚΑΙ ΡΩΜΗΝ
Καθ' όλην την διάρκειαν της ημέρας επικρατεί ζωηρά κίνησις εις την πόλιν, οι δε κάτοικοι παρακολουθούν με ενδιαφέρον την εξέλιξιν των πραγμάτων. Αι αρχαί έλαβον έκτακτα μέτρα διά την τήρησιν της τάξεως, ενώ αι ανακρίσεις συνεχίζονται. Ως ανεκοινώθη χθες υπό του αρμοδίου υπουργείου, η κατάστασις εξακολουθεί να είναι ανησυχητική διά τους παραγωγούς της περιοχής, οι οποίοι ζητούν την άμεσον λήψιν μέτρων. Κατά τας πληροφορίας μας, το ζήτημα θα εξετασθή εις την προσεχή σύσκεψιν των αρμοδίων παραγόντων, κατά την οποίαν θα ληφθούν σχετικαί αποφάσεις. Αι σχετικαί προτάσεις υπεβλήθησαν ήδη και αναμένεται η έγκρισίς των εντός των ημερών. Επίσης εζητήθη όπως παρασχεθή ενίσχυσις εις τους πληγέντας και ρυθμισθούν αι οφειλαί των προς την Αγροτικήν Τράπεζαν. Ο κ. υπουργός εδήλωσεν ότι η κυβέρνησις παρακολουθεί στενώς το θέμα και ότι θα ληφθή πάσα μέριμνα διά την ταχείαν αντιμετώπισίν του. Εις την σύσκεψιν έλαβον μέρος εκπρόσωποι των ενδιαφερομένων οργανώσεων, οι οποίοι εξέθεσαν τας απόψεις των. Τα σχετικά στοιχεία θα διαβιβασθούν εις τας αρμοδίας υπηρεσίας προς περαιτέρω μελέτην και επεξεργασίαν.
ΤΟΥΡΚΟΚΥΠΡΙΟΣ ΕΤΡΑΥΜΑΤΙΣΘΗ ΥΠΟ ΑΓΝΩΣΤΟΥ
Ως ανεκοινώθη χθες υπό του αρμοδίου υπουργείου, η κατάστασις εξακολουθεί να είναι ανησυχητική διά τους παραγωγούς της περιοχής, οι οποίοι ζητούν την άμεσον λήψιν μέτρων. Κατά τας πληροφορίας μας, το ζήτημα θα εξετασθή εις την προσεχή σύσκεψιν των αρμοδίων παραγόντων, κατά την οποίαν θα ληφθούν σχετικαί αποφάσεις. Αι σχετικαί προτάσεις υπεβλήθησαν ήδη και αναμένεται η έγκρισίς των εντός των ημερών. Επίσης εζητήθη όπως παρασχεθή ενίσχυσις εις τους πληγέντας και ρυθμισθούν αι οφειλαί των προς την Αγροτικήν Τράπεζαν.
ΜΙΚΡΑ ΕΓΧΩΡΙΑ ΝΕΑ
Ο κ. υπουργός εδήλωσεν ότι η κυβέρνησις παρακολουθεί στενώς το θέμα και ότι θα ληφθή πάσα μέριμνα διά την ταχείαν αντιμετώπισίν του. Εις την σύσκεψιν έλαβον μέρος εκπρόσωποι των ενδιαφερομένων οργανώσεων, οι οποίοι εξέθεσαν τας απόψεις των. Τα σχετικά στοιχεία θα διαβιβασθούν εις τας αρμοδίας υπηρεσίας προς περαιτέρω μελέτην και επεξεργασίαν.
